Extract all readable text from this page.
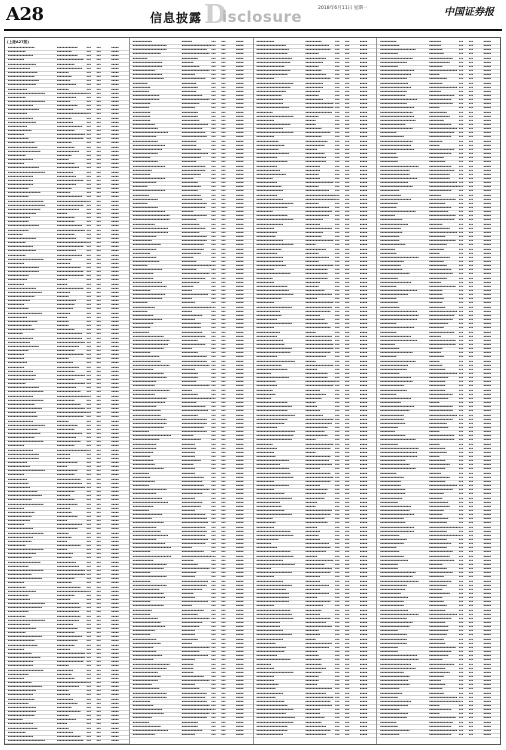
A28	信息披露 D
isclosure	2018年6月11日 星期一	中国证券报
(上接A27版)
▪▪▪▪▪▪▪▪▪▪▪▪▪▪▪▪▪▪	▪▪▪▪▪▪▪▪▪▪▪▪▪▪	▪▪▪ ▪▪▪	▪▪▪▪▪
▪▪▪▪▪▪▪▪▪▪▪▪	▪▪▪▪▪▪▪▪▪▪	▪▪▪ ▪▪▪	▪▪▪▪▪
▪▪▪▪▪▪▪▪▪▪▪▪▪▪▪▪▪	▪▪▪▪▪▪▪▪▪▪▪▪▪▪	▪▪▪ ▪▪▪	▪▪▪▪▪
▪▪▪▪▪▪▪▪▪▪▪	▪▪▪▪▪▪▪▪▪▪▪▪▪▪▪▪▪▪ ▪▪▪ ▪▪▪	▪▪▪▪▪
▪▪▪▪▪▪▪▪▪▪▪▪▪▪▪▪▪▪▪	▪▪▪▪▪▪▪▪▪▪▪▪	▪▪▪ ▪▪▪	▪▪▪▪▪
▪▪▪▪▪▪▪▪▪▪▪▪▪▪▪	▪▪▪▪▪▪▪▪▪▪▪▪▪▪▪▪▪ ▪▪▪ ▪▪▪	▪▪▪▪▪
▪▪▪▪▪▪▪▪▪▪▪▪▪▪▪▪▪▪▪▪	▪▪▪▪▪▪▪▪	▪▪▪ ▪▪▪	▪▪▪▪▪
▪▪▪▪▪▪▪▪▪▪▪▪▪▪▪▪▪▪	▪▪▪▪▪▪▪▪▪▪	▪▪▪ ▪▪▪	▪▪▪▪▪
▪▪▪▪▪▪▪▪▪▪▪▪▪▪▪▪▪▪▪▪▪	▪▪▪▪▪▪▪▪▪	▪▪▪ ▪▪▪	▪▪▪▪▪
▪▪▪▪▪▪▪▪▪▪▪▪▪▪▪▪▪▪▪	▪▪▪▪▪▪▪▪▪▪▪▪▪	▪▪▪ ▪▪▪	▪▪▪▪▪
▪▪▪▪▪▪▪▪▪▪▪▪▪	▪▪▪▪▪▪▪▪	▪▪▪ ▪▪▪	▪▪▪▪▪
▪▪▪▪▪▪▪▪▪▪▪▪▪▪▪▪▪▪▪▪▪▪▪▪▪	▪▪▪▪▪▪▪▪▪▪▪▪▪▪▪▪▪▪▪▪ ▪▪▪ ▪▪▪	▪▪▪▪▪
▪▪▪▪▪▪▪▪▪▪▪▪	▪▪▪▪▪▪▪▪▪▪▪▪▪	▪▪▪ ▪▪▪	▪▪▪▪▪
▪▪▪▪▪▪▪▪▪▪▪▪▪▪▪▪▪▪▪▪▪▪▪▪▪	▪▪▪▪▪▪▪▪▪	▪▪▪ ▪▪▪	▪▪▪▪▪
▪▪▪▪▪▪▪▪▪▪▪▪▪▪▪▪▪	▪▪▪▪▪▪▪▪▪▪▪▪▪▪	▪▪▪ ▪▪▪	▪▪▪▪▪
▪▪▪▪▪▪▪▪▪▪▪▪▪▪▪▪▪▪▪▪▪	▪▪▪▪▪▪▪▪▪▪▪	▪▪▪ ▪▪▪	▪▪▪▪▪
▪▪▪▪▪▪▪▪▪▪▪▪▪	▪▪▪▪▪▪▪▪▪▪▪▪▪▪▪▪▪▪▪▪ ▪▪▪ ▪▪▪	▪▪▪▪▪
▪▪▪▪▪▪▪▪▪▪▪▪▪▪▪▪▪	▪▪▪▪▪▪▪▪▪▪	▪▪▪ ▪▪▪	▪▪▪▪▪
▪▪▪▪▪▪▪▪▪▪▪▪▪▪▪▪▪▪▪	▪▪▪▪▪▪▪▪▪▪▪	▪▪▪ ▪▪▪	▪▪▪▪▪
▪▪▪▪▪▪▪▪▪▪▪▪▪	▪▪▪▪▪▪▪▪▪▪▪▪▪▪▪▪▪ ▪▪▪ ▪▪▪	▪▪▪▪▪
▪▪▪▪▪▪▪▪▪▪▪▪▪▪▪▪	▪▪▪▪▪▪▪▪▪▪▪▪	▪▪▪ ▪▪▪	▪▪▪▪▪
▪▪▪▪▪▪▪▪▪▪▪	▪▪▪▪▪▪▪▪▪▪▪▪▪▪▪▪▪▪▪ ▪▪▪ ▪▪▪	▪▪▪▪▪
▪▪▪▪▪▪▪▪▪▪▪▪▪▪	▪▪▪▪▪▪▪▪▪▪▪▪▪▪▪▪▪▪ ▪▪▪ ▪▪▪	▪▪▪▪▪
▪▪▪▪▪▪▪▪▪▪▪▪▪▪▪▪▪▪	▪▪▪▪▪▪▪▪▪▪	▪▪▪ ▪▪▪	▪▪▪▪▪
▪▪▪▪▪▪▪▪▪▪▪▪▪▪▪▪▪▪▪▪	▪▪▪▪▪▪▪▪▪▪▪▪	▪▪▪ ▪▪▪	▪▪▪▪▪
▪▪▪▪▪▪▪▪▪▪▪▪▪▪▪▪▪▪▪▪▪▪	▪▪▪▪▪▪▪▪▪▪▪▪▪▪▪	▪▪▪ ▪▪▪	▪▪▪▪▪
▪▪▪▪▪▪▪▪▪▪▪▪	▪▪▪▪▪▪▪▪▪▪	▪▪▪ ▪▪▪	▪▪▪▪▪
▪▪▪▪▪▪▪▪▪▪▪▪▪▪▪▪▪	▪▪▪▪▪▪▪▪	▪▪▪ ▪▪▪	▪▪▪▪▪
▪▪▪▪▪▪▪▪▪▪▪	▪▪▪▪▪▪▪▪▪▪▪▪	▪▪▪ ▪▪▪	▪▪▪▪▪
▪▪▪▪▪▪▪▪▪▪▪▪▪▪▪▪▪▪▪▪▪	▪▪▪▪▪▪▪▪▪▪▪▪▪▪▪	▪▪▪ ▪▪▪	▪▪▪▪▪
▪▪▪▪▪▪▪▪▪▪▪▪▪▪▪▪▪▪▪▪▪▪▪▪▪	▪▪▪▪▪▪▪▪▪▪▪	▪▪▪ ▪▪▪	▪▪▪▪▪
▪▪▪▪▪▪▪▪▪▪▪▪▪▪▪▪▪	▪▪▪▪▪▪▪▪▪▪▪▪▪	▪▪▪ ▪▪▪	▪▪▪▪▪
▪▪▪▪▪▪▪▪▪▪▪▪▪▪▪▪▪	▪▪▪▪▪▪▪▪▪▪▪▪▪▪▪▪▪▪ ▪▪▪ ▪▪▪	▪▪▪▪▪
▪▪▪▪▪▪▪▪▪▪▪▪▪▪▪▪▪	▪▪▪▪▪▪▪▪▪▪▪▪▪	▪▪▪ ▪▪▪	▪▪▪▪▪
▪▪▪▪▪▪▪▪▪▪▪▪▪▪	▪▪▪▪▪▪▪▪▪▪	▪▪▪ ▪▪▪	▪▪▪▪▪
▪▪▪▪▪▪▪▪▪▪▪▪▪▪▪▪▪▪▪▪▪▪	▪▪▪▪▪▪▪▪▪	▪▪▪ ▪▪▪	▪▪▪▪▪
▪▪▪▪▪▪▪▪▪▪▪▪▪▪	▪▪▪▪▪▪▪▪▪▪▪▪▪▪▪▪▪ ▪▪▪ ▪▪▪	▪▪▪▪▪
▪▪▪▪▪▪▪▪▪▪▪▪▪▪▪▪▪▪▪▪▪▪▪▪	▪▪▪▪▪▪▪▪▪▪▪▪▪▪▪▪▪▪▪▪ ▪▪▪ ▪▪▪	▪▪▪▪▪
▪▪▪▪▪▪▪▪▪▪▪▪▪▪▪▪▪▪▪▪▪▪▪▪▪	▪▪▪▪▪▪▪▪▪▪▪▪▪▪▪▪▪▪ ▪▪▪ ▪▪▪	▪▪▪▪▪
▪▪▪▪▪▪▪▪▪▪▪▪▪▪▪▪▪▪▪▪▪▪	▪▪▪▪▪▪▪▪▪▪▪▪▪▪▪	▪▪▪ ▪▪▪	▪▪▪▪▪
▪▪▪▪▪▪▪▪▪▪▪▪▪▪▪▪▪▪▪	▪▪▪▪▪▪▪	▪▪▪ ▪▪▪	▪▪▪▪▪
▪▪▪▪▪▪▪▪▪▪▪▪▪▪▪	▪▪▪▪▪▪▪▪▪▪▪▪	▪▪▪ ▪▪▪	▪▪▪▪▪
▪▪▪▪▪▪▪▪▪▪▪▪▪▪	▪▪▪▪▪▪▪▪▪▪▪▪	▪▪▪ ▪▪▪	▪▪▪▪▪
▪▪▪▪▪▪▪▪▪▪▪▪▪▪▪▪▪▪▪▪▪	▪▪▪▪▪▪▪▪▪▪▪▪▪▪▪▪▪ ▪▪▪ ▪▪▪	▪▪▪▪▪
▪▪▪▪▪▪▪▪▪▪▪▪▪▪	▪▪▪▪▪▪▪▪▪▪▪▪▪▪▪▪▪▪▪ ▪▪▪ ▪▪▪	▪▪▪▪▪
▪▪▪▪▪▪▪▪▪▪	▪▪▪▪▪▪▪▪▪▪▪▪	▪▪▪ ▪▪▪	▪▪▪▪▪
▪▪▪▪▪▪▪▪▪▪▪▪▪▪▪▪▪▪▪	▪▪▪▪▪▪▪▪▪▪▪▪▪	▪▪▪ ▪▪▪	▪▪▪▪▪
▪▪▪▪▪▪▪▪▪▪▪▪	▪▪▪▪▪▪▪▪▪▪▪▪▪▪▪▪▪▪▪▪ ▪▪▪ ▪▪▪	▪▪▪▪▪
▪▪▪▪▪▪▪▪▪▪▪▪▪▪▪▪▪	▪▪▪▪▪▪▪▪▪▪▪▪▪▪▪▪▪▪ ▪▪▪ ▪▪▪	▪▪▪▪▪
▪▪▪▪▪▪▪▪▪▪▪▪▪▪▪▪▪▪▪	▪▪▪▪▪▪▪▪▪▪▪▪▪	▪▪▪ ▪▪▪	▪▪▪▪▪
▪▪▪▪▪▪▪▪▪▪▪▪	▪▪▪▪▪▪▪▪▪▪▪▪▪▪▪▪▪ ▪▪▪ ▪▪▪	▪▪▪▪▪
▪▪▪▪▪▪▪▪▪▪▪▪▪▪▪▪▪▪▪▪▪▪▪▪	▪▪▪▪▪▪▪▪▪▪	▪▪▪ ▪▪▪	▪▪▪▪▪
▪▪▪▪▪▪▪▪▪▪▪	▪▪▪▪▪▪▪▪▪	▪▪▪ ▪▪▪	▪▪▪▪▪
▪▪▪▪▪▪▪▪▪▪▪▪▪▪▪▪▪▪▪▪▪	▪▪▪▪▪▪▪▪▪▪▪▪▪▪▪▪	▪▪▪ ▪▪▪	▪▪▪▪▪
▪▪▪▪▪▪▪▪▪▪▪▪▪▪▪▪▪▪▪▪▪	▪▪▪▪▪▪▪▪▪▪▪▪▪▪▪▪▪▪ ▪▪▪ ▪▪▪	▪▪▪▪▪
▪▪▪▪▪▪▪▪▪▪▪▪▪▪	▪▪▪▪▪▪▪▪▪▪▪▪▪▪▪▪▪▪ ▪▪▪ ▪▪▪	▪▪▪▪▪
▪▪▪▪▪▪▪▪▪▪▪▪▪	▪▪▪▪▪▪▪	▪▪▪ ▪▪▪	▪▪▪▪▪
▪▪▪▪▪▪▪▪▪▪▪	▪▪▪▪▪▪▪	▪▪▪ ▪▪▪	▪▪▪▪▪
▪▪▪▪▪▪▪▪▪▪▪▪▪▪▪▪▪▪▪	▪▪▪▪▪▪▪▪▪▪▪▪▪▪▪▪▪▪ ▪▪▪ ▪▪▪	▪▪▪▪▪
▪▪▪▪▪▪▪▪▪▪▪▪▪▪▪▪▪▪▪▪▪▪▪	▪▪▪▪▪▪▪▪▪	▪▪▪ ▪▪▪	▪▪▪▪▪
▪▪▪▪▪▪▪▪▪▪▪▪▪▪▪▪▪▪	▪▪▪▪▪▪▪▪	▪▪▪ ▪▪▪	▪▪▪▪▪
▪▪▪▪▪▪▪▪▪▪▪▪▪▪▪	▪▪▪▪▪▪▪▪▪▪▪▪▪	▪▪▪ ▪▪▪	▪▪▪▪▪
▪▪▪▪▪▪▪▪▪▪▪	▪▪▪▪▪▪▪▪▪▪▪▪	▪▪▪ ▪▪▪	▪▪▪▪▪
▪▪▪▪▪▪▪▪▪▪▪▪▪▪	▪▪▪▪▪▪▪▪▪▪▪	▪▪▪ ▪▪▪	▪▪▪▪▪
▪▪▪▪▪▪▪▪▪▪▪▪▪▪▪▪▪▪▪▪▪▪▪	▪▪▪▪▪▪▪▪▪	▪▪▪ ▪▪▪	▪▪▪▪▪
▪▪▪▪▪▪▪▪▪▪▪▪▪	▪▪▪▪▪▪▪	▪▪▪ ▪▪▪	▪▪▪▪▪
▪▪▪▪▪▪▪▪▪▪▪▪▪▪▪▪▪▪▪▪	▪▪▪▪▪▪▪▪	▪▪▪ ▪▪▪	▪▪▪▪▪
▪▪▪▪▪▪▪▪▪▪▪▪▪▪▪▪	▪▪▪▪▪▪▪▪	▪▪▪ ▪▪▪	▪▪▪▪▪
▪▪▪▪▪▪▪▪▪▪▪▪▪▪▪▪▪▪	▪▪▪▪▪▪▪▪▪▪▪▪	▪▪▪ ▪▪▪	▪▪▪▪▪
▪▪▪▪▪▪▪▪▪▪	▪▪▪▪▪▪▪▪▪▪▪▪▪▪▪▪▪ ▪▪▪ ▪▪▪	▪▪▪▪▪
▪▪▪▪▪▪▪▪▪▪▪▪▪▪▪▪▪	▪▪▪▪▪▪▪▪▪▪▪▪▪▪▪▪▪ ▪▪▪ ▪▪▪	▪▪▪▪▪
▪▪▪▪▪▪▪▪▪▪▪▪▪▪▪	▪▪▪▪▪▪▪▪▪▪▪▪▪▪▪▪▪▪▪ ▪▪▪ ▪▪▪	▪▪▪▪▪
▪▪▪▪▪▪▪▪▪▪▪▪▪▪▪▪▪▪▪▪▪	▪▪▪▪▪▪▪▪▪▪▪▪▪▪▪	▪▪▪ ▪▪▪	▪▪▪▪▪
▪▪▪▪▪▪▪▪▪▪▪▪▪▪	▪▪▪▪▪▪▪▪▪▪▪▪	▪▪▪ ▪▪▪	▪▪▪▪▪
▪▪▪▪▪▪▪▪▪▪▪	▪▪▪▪▪▪▪▪▪▪▪▪▪▪▪▪▪▪ ▪▪▪ ▪▪▪	▪▪▪▪▪
▪▪▪▪▪▪▪▪▪▪▪	▪▪▪▪▪▪▪▪	▪▪▪ ▪▪▪	▪▪▪▪▪
▪▪▪▪▪▪▪▪▪▪▪▪▪	▪▪▪▪▪▪▪▪▪▪▪	▪▪▪ ▪▪▪	▪▪▪▪▪
▪▪▪▪▪▪▪▪▪▪▪	▪▪▪▪▪▪▪▪▪▪▪▪▪▪▪	▪▪▪ ▪▪▪	▪▪▪▪▪
▪▪▪▪▪▪▪▪▪▪▪▪▪▪▪▪▪	▪▪▪▪▪▪▪▪▪▪▪▪	▪▪▪ ▪▪▪	▪▪▪▪▪
▪▪▪▪▪▪▪▪▪▪▪▪▪▪▪▪▪▪▪	▪▪▪▪▪▪▪▪▪▪▪▪▪▪▪▪▪▪▪ ▪▪▪ ▪▪▪	▪▪▪▪▪
▪▪▪▪▪▪▪▪▪▪▪▪▪▪▪▪▪▪	▪▪▪▪▪▪▪▪▪▪▪▪	▪▪▪ ▪▪▪	▪▪▪▪▪
▪▪▪▪▪▪▪▪▪▪▪▪	▪▪▪▪▪▪▪▪▪▪▪▪▪▪▪▪▪▪▪ ▪▪▪ ▪▪▪	▪▪▪▪▪
▪▪▪▪▪▪▪▪▪▪▪▪▪▪▪▪▪▪▪▪▪	▪▪▪▪▪▪▪▪▪▪▪▪▪	▪▪▪ ▪▪▪	▪▪▪▪▪
▪▪▪▪▪▪▪▪▪▪▪▪▪▪▪▪▪▪▪▪▪▪▪▪	▪▪▪▪▪▪▪▪▪▪▪▪▪▪▪▪	▪▪▪ ▪▪▪	▪▪▪▪▪
▪▪▪▪▪▪▪▪▪▪▪▪▪▪▪▪▪	▪▪▪▪▪▪▪▪▪▪▪▪▪▪▪▪▪▪▪▪ ▪▪▪ ▪▪▪	▪▪▪▪▪
▪▪▪▪▪▪▪▪▪▪▪▪▪▪▪▪▪▪▪▪▪▪▪▪	▪▪▪▪▪▪▪▪▪▪▪▪	▪▪▪ ▪▪▪	▪▪▪▪▪
▪▪▪▪▪▪▪▪▪▪▪▪▪▪▪▪▪▪	▪▪▪▪▪▪▪▪▪▪▪▪▪▪▪▪	▪▪▪ ▪▪▪	▪▪▪▪▪
▪▪▪▪▪▪▪▪▪▪▪▪▪▪▪▪▪▪▪▪▪▪▪	▪▪▪▪▪▪▪▪▪▪▪▪▪▪▪▪▪▪▪ ▪▪▪ ▪▪▪	▪▪▪▪▪
▪▪▪▪▪▪▪▪▪▪▪▪▪▪▪▪▪▪▪	▪▪▪▪▪▪▪▪▪▪▪▪▪▪▪▪▪▪▪▪ ▪▪▪ ▪▪▪	▪▪▪▪▪
▪▪▪▪▪▪▪▪▪▪▪▪▪▪▪▪▪▪▪▪	▪▪▪▪▪▪▪▪▪▪▪▪▪▪▪▪▪▪ ▪▪▪ ▪▪▪	▪▪▪▪▪
▪▪▪▪▪▪▪▪▪▪▪▪▪▪▪▪▪	▪▪▪▪▪▪▪▪	▪▪▪ ▪▪▪	▪▪▪▪▪
▪▪▪▪▪▪▪▪▪▪▪▪▪▪▪▪▪▪▪▪▪▪▪▪▪	▪▪▪▪▪▪▪▪▪▪▪▪▪▪	▪▪▪ ▪▪▪	▪▪▪▪▪
▪▪▪▪▪▪▪▪▪▪▪▪▪▪▪▪▪▪▪▪	▪▪▪▪▪▪▪▪▪▪▪▪	▪▪▪ ▪▪▪	▪▪▪▪▪
▪▪▪▪▪▪▪▪▪▪▪▪▪▪▪▪▪▪▪▪▪▪	▪▪▪▪▪▪▪▪▪▪▪▪▪▪▪▪▪ ▪▪▪ ▪▪▪	▪▪▪▪▪
▪▪▪▪▪▪▪▪▪▪▪▪▪▪▪▪▪▪	▪▪▪▪▪▪▪▪▪▪▪▪▪	▪▪▪ ▪▪▪	▪▪▪▪▪
▪▪▪▪▪▪▪▪▪▪▪▪▪▪▪▪▪▪▪▪▪▪▪▪	▪▪▪▪▪▪▪▪▪▪▪▪▪▪▪▪	▪▪▪ ▪▪▪	▪▪▪▪▪
▪▪▪▪▪▪▪▪▪▪▪	▪▪▪▪▪▪▪▪▪▪▪▪	▪▪▪ ▪▪▪	▪▪▪▪▪
▪▪▪▪▪▪▪▪▪▪▪▪▪▪▪▪▪	▪▪▪▪▪▪▪▪▪▪▪▪▪▪▪▪▪▪▪▪ ▪▪▪ ▪▪▪	▪▪▪▪▪
▪▪▪▪▪▪▪▪▪▪▪▪▪▪▪▪▪▪▪▪▪	▪▪▪▪▪▪▪▪▪	▪▪▪ ▪▪▪	▪▪▪▪▪
▪▪▪▪▪▪▪▪▪▪▪▪▪▪▪▪▪▪▪▪▪	▪▪▪▪▪▪▪▪▪	▪▪▪ ▪▪▪	▪▪▪▪▪
▪▪▪▪▪▪▪▪▪▪▪▪▪	▪▪▪▪▪▪▪▪▪▪▪▪▪▪	▪▪▪ ▪▪▪	▪▪▪▪▪
▪▪▪▪▪▪▪▪▪▪▪▪▪▪▪	▪▪▪▪▪▪▪	▪▪▪ ▪▪▪	▪▪▪▪▪
▪▪▪▪▪▪▪▪▪▪▪▪▪▪▪▪▪▪▪▪▪▪▪▪▪	▪▪▪▪▪▪▪▪▪▪▪▪▪▪	▪▪▪ ▪▪▪	▪▪▪▪▪
▪▪▪▪▪▪▪▪▪▪▪	▪▪▪▪▪▪▪▪▪▪▪▪	▪▪▪ ▪▪▪	▪▪▪▪▪
▪▪▪▪▪▪▪▪▪▪▪▪▪	▪▪▪▪▪▪▪▪▪▪▪▪▪▪▪▪	▪▪▪ ▪▪▪	▪▪▪▪▪
▪▪▪▪▪▪▪▪▪▪▪▪▪▪	▪▪▪▪▪▪▪▪▪▪▪▪▪▪▪▪▪ ▪▪▪ ▪▪▪	▪▪▪▪▪
▪▪▪▪▪▪▪▪▪▪▪▪▪▪▪	▪▪▪▪▪▪▪▪▪▪▪▪▪▪▪▪▪▪▪ ▪▪▪ ▪▪▪	▪▪▪▪▪
▪▪▪▪▪▪▪▪▪▪▪▪▪▪▪▪▪▪▪▪	▪▪▪▪▪▪▪▪▪▪▪▪	▪▪▪ ▪▪▪	▪▪▪▪▪
▪▪▪▪▪▪▪▪▪▪▪▪▪▪▪▪▪▪▪▪▪▪▪	▪▪▪▪▪▪▪▪▪	▪▪▪ ▪▪▪	▪▪▪▪▪
▪▪▪▪▪▪▪▪▪▪▪▪▪▪▪▪	▪▪▪▪▪▪▪▪▪▪▪▪	▪▪▪ ▪▪▪	▪▪▪▪▪
▪▪▪▪▪▪▪▪▪▪▪▪▪▪▪▪▪▪▪▪▪▪▪▪	▪▪▪▪▪▪▪▪▪▪▪▪▪▪	▪▪▪ ▪▪▪	▪▪▪▪▪
▪▪▪▪▪▪▪▪▪▪▪	▪▪▪▪▪▪▪▪▪	▪▪▪ ▪▪▪	▪▪▪▪▪
▪▪▪▪▪▪▪▪▪▪▪▪▪▪▪▪▪▪	▪▪▪▪▪▪▪▪▪▪	▪▪▪ ▪▪▪	▪▪▪▪▪
▪▪▪▪▪▪▪▪▪▪▪▪▪▪▪▪	▪▪▪▪▪▪▪▪▪▪▪▪▪▪	▪▪▪ ▪▪▪	▪▪▪▪▪
▪▪▪▪▪▪▪▪▪▪▪▪▪▪▪	▪▪▪▪▪▪▪	▪▪▪ ▪▪▪	▪▪▪▪▪
▪▪▪▪▪▪▪▪▪▪▪	▪▪▪▪▪▪▪▪▪▪▪▪▪▪▪▪▪ ▪▪▪ ▪▪▪	▪▪▪▪▪
▪▪▪▪▪▪▪▪▪▪▪▪▪▪▪▪▪	▪▪▪▪▪▪▪▪▪▪▪▪▪▪	▪▪▪ ▪▪▪	▪▪▪▪▪
▪▪▪▪▪▪▪▪▪▪▪▪▪▪▪▪▪▪▪▪▪▪▪▪	▪▪▪▪▪▪▪▪	▪▪▪ ▪▪▪	▪▪▪▪▪
▪▪▪▪▪▪▪▪▪▪▪▪▪▪▪▪▪	▪▪▪▪▪▪▪▪▪▪	▪▪▪ ▪▪▪	▪▪▪▪▪
▪▪▪▪▪▪▪▪▪▪▪▪▪▪▪▪	▪▪▪▪▪▪▪	▪▪▪ ▪▪▪	▪▪▪▪▪
▪▪▪▪▪▪▪▪▪▪▪▪	▪▪▪▪▪▪▪▪▪▪▪▪▪▪▪▪	▪▪▪ ▪▪▪	▪▪▪▪▪
▪▪▪▪▪▪▪▪▪▪▪▪▪▪▪▪▪▪▪▪▪▪▪▪	▪▪▪▪▪▪▪	▪▪▪ ▪▪▪	▪▪▪▪▪
▪▪▪▪▪▪▪▪▪▪▪▪▪▪▪▪▪▪▪	▪▪▪▪▪▪▪▪▪▪▪	▪▪▪ ▪▪▪	▪▪▪▪▪
▪▪▪▪▪▪▪▪▪▪▪▪▪▪▪▪	▪▪▪▪▪▪▪▪▪▪	▪▪▪ ▪▪▪	▪▪▪▪▪
▪▪▪▪▪▪▪▪▪▪▪▪▪▪▪▪▪▪▪▪▪▪	▪▪▪▪▪▪▪▪▪▪▪▪▪	▪▪▪ ▪▪▪	▪▪▪▪▪
▪▪▪▪▪▪▪▪▪▪▪▪▪▪	▪▪▪▪▪▪▪▪▪▪▪▪▪▪▪	▪▪▪ ▪▪▪	▪▪▪▪▪
▪▪▪▪▪▪▪▪▪▪▪▪▪▪▪▪▪▪▪▪▪▪▪▪	▪▪▪▪▪▪▪▪▪▪▪▪▪▪▪▪▪▪▪ ▪▪▪ ▪▪▪	▪▪▪▪▪
▪▪▪▪▪▪▪▪▪▪▪▪▪▪▪▪	▪▪▪▪▪▪▪▪▪▪▪▪▪▪▪▪▪▪▪ ▪▪▪ ▪▪▪	▪▪▪▪▪
▪▪▪▪▪▪▪▪▪▪▪▪▪▪▪▪▪▪▪▪▪▪▪	▪▪▪▪▪▪▪▪▪▪▪▪	▪▪▪ ▪▪▪	▪▪▪▪▪
▪▪▪▪▪▪▪▪▪▪▪	▪▪▪▪▪▪▪▪▪▪	▪▪▪ ▪▪▪	▪▪▪▪▪
▪▪▪▪▪▪▪▪▪▪▪▪	▪▪▪▪▪▪▪▪▪▪▪▪▪▪▪▪	▪▪▪ ▪▪▪	▪▪▪▪▪
▪▪▪▪▪▪▪▪▪▪▪▪▪▪▪▪▪▪▪	▪▪▪▪▪▪▪▪▪▪▪▪▪▪▪▪▪▪▪▪ ▪▪▪ ▪▪▪	▪▪▪▪▪
▪▪▪▪▪▪▪▪▪▪▪▪▪▪	▪▪▪▪▪▪▪▪▪▪▪▪	▪▪▪ ▪▪▪	▪▪▪▪▪
▪▪▪▪▪▪▪▪▪▪▪▪▪▪▪	▪▪▪▪▪▪▪▪▪	▪▪▪ ▪▪▪	▪▪▪▪▪
▪▪▪▪▪▪▪▪▪▪▪▪▪▪▪▪▪▪▪▪▪▪▪▪▪	▪▪▪▪▪▪▪▪▪▪▪▪▪▪▪	▪▪▪ ▪▪▪	▪▪▪▪▪
▪▪▪▪▪▪▪▪▪▪▪▪▪▪▪▪▪▪▪▪▪▪▪	▪▪▪▪▪▪▪▪▪▪▪▪▪▪▪▪	▪▪▪ ▪▪▪	▪▪▪▪▪
▪▪▪▪▪▪▪▪▪▪▪▪▪▪	▪▪▪▪▪▪▪▪▪▪▪▪▪▪▪	▪▪▪ ▪▪▪	▪▪▪▪▪
▪▪▪▪▪▪▪▪▪▪▪▪	▪▪▪▪▪▪▪▪▪▪▪▪▪▪▪▪	▪▪▪ ▪▪▪	▪▪▪▪▪
▪▪▪▪▪▪▪▪▪▪▪▪▪▪▪▪▪▪▪▪▪▪▪▪▪	▪▪▪▪▪▪▪▪▪▪▪▪▪▪▪	▪▪▪ ▪▪▪	▪▪▪▪▪
▪▪▪▪▪▪▪▪▪▪▪▪▪▪▪	▪▪▪▪▪▪▪▪▪▪▪	▪▪▪ ▪▪▪	▪▪▪▪▪
▪▪▪▪▪▪▪▪▪▪▪▪▪▪▪▪▪▪▪	▪▪▪▪▪▪▪▪▪▪▪▪▪▪	▪▪▪ ▪▪▪	▪▪▪▪▪
▪▪▪▪▪▪▪▪▪▪▪▪	▪▪▪▪▪▪▪▪▪▪▪▪	▪▪▪ ▪▪▪	▪▪▪▪▪
▪▪▪▪▪▪▪▪▪▪▪▪▪▪▪▪▪▪▪▪▪▪▪	▪▪▪▪▪▪▪▪▪▪▪▪▪▪▪▪▪ ▪▪▪ ▪▪▪	▪▪▪▪▪
▪▪▪▪▪▪▪▪▪▪▪▪▪▪▪▪▪▪	▪▪▪▪▪▪▪▪▪▪▪▪▪▪	▪▪▪ ▪▪▪	▪▪▪▪▪
▪▪▪▪▪▪▪▪▪▪▪▪▪▪▪▪▪▪▪▪	▪▪▪▪▪▪▪▪▪▪▪▪	▪▪▪ ▪▪▪	▪▪▪▪▪
▪▪▪▪▪▪▪▪▪▪▪	▪▪▪▪▪▪▪▪▪	▪▪▪ ▪▪▪	▪▪▪▪▪
▪▪▪▪▪▪▪▪▪▪▪▪▪▪▪▪	▪▪▪▪▪▪▪▪▪▪▪▪▪▪▪▪▪▪▪ ▪▪▪ ▪▪▪	▪▪▪▪▪
▪▪▪▪▪▪▪▪▪▪▪▪▪▪▪▪▪▪▪▪▪▪	▪▪▪▪▪▪▪▪▪▪▪▪▪▪▪▪▪▪▪ ▪▪▪ ▪▪▪	▪▪▪▪▪
▪▪▪▪▪▪▪▪▪▪▪▪▪▪▪▪▪	▪▪▪▪▪▪▪▪▪▪▪▪▪▪▪▪▪▪ ▪▪▪ ▪▪▪	▪▪▪▪▪
▪▪▪▪▪▪▪▪▪▪▪▪▪▪▪▪▪	▪▪▪▪▪▪▪▪	▪▪▪ ▪▪▪	▪▪▪▪▪
▪▪▪▪▪▪▪▪▪▪▪▪▪▪▪▪▪▪▪▪▪▪▪▪	▪▪▪▪▪▪▪▪▪▪▪	▪▪▪ ▪▪▪	▪▪▪▪▪
▪▪▪▪▪▪▪▪▪▪▪▪▪▪	▪▪▪▪▪▪▪▪▪▪	▪▪▪ ▪▪▪	▪▪▪▪▪
▪▪▪▪▪▪▪▪▪▪▪	▪▪▪▪▪▪▪▪▪▪▪▪	▪▪▪ ▪▪▪	▪▪▪▪▪
▪▪▪▪▪▪▪▪▪▪▪▪▪▪▪▪	▪▪▪▪▪▪▪▪▪▪▪▪▪▪▪▪▪▪▪▪ ▪▪▪ ▪▪▪	▪▪▪▪▪
▪▪▪▪▪▪▪▪▪▪▪▪▪▪▪▪▪▪▪▪▪▪▪	▪▪▪▪▪▪▪▪▪▪▪▪▪▪▪	▪▪▪ ▪▪▪	▪▪▪▪▪
▪▪▪▪▪▪▪▪▪▪▪▪▪▪▪▪▪▪▪	▪▪▪▪▪▪▪▪	▪▪▪ ▪▪▪	▪▪▪▪▪
▪▪▪▪▪▪▪▪▪▪▪▪▪▪▪▪▪	▪▪▪▪▪▪▪▪▪	▪▪▪ ▪▪▪	▪▪▪▪▪
▪▪▪▪▪▪▪▪▪▪▪▪▪▪▪▪▪▪	▪▪▪▪▪▪▪▪▪▪▪	▪▪▪ ▪▪▪	▪▪▪▪▪
▪▪▪▪▪▪▪▪▪▪▪▪▪▪	▪▪▪▪▪▪▪▪▪▪▪▪▪▪	▪▪▪ ▪▪▪	▪▪▪▪▪
▪▪▪▪▪▪▪▪▪▪▪▪▪▪▪▪▪▪▪	▪▪▪▪▪▪▪▪▪▪	▪▪▪ ▪▪▪	▪▪▪▪▪
▪▪▪▪▪▪▪▪▪▪▪▪▪▪▪▪▪▪▪	▪▪▪▪▪▪▪▪▪▪▪▪▪▪▪▪	▪▪▪ ▪▪▪	▪▪▪▪▪
▪▪▪▪▪▪▪▪▪▪▪▪▪▪▪▪▪▪	▪▪▪▪▪▪▪▪	▪▪▪ ▪▪▪	▪▪▪▪▪
▪▪▪▪▪▪▪▪▪▪	▪▪▪▪▪▪▪▪▪▪▪▪▪	▪▪▪ ▪▪▪	▪▪▪▪▪
▪▪▪▪▪▪▪▪▪▪▪▪▪▪▪▪▪	▪▪▪▪▪▪▪	▪▪▪ ▪▪▪	▪▪▪▪▪
▪▪▪▪▪▪▪▪▪▪▪▪▪▪▪▪▪▪▪▪	▪▪▪▪▪▪▪▪	▪▪▪ ▪▪▪	▪▪▪▪▪
▪▪▪▪▪▪▪▪▪▪▪▪	▪▪▪▪▪▪▪▪▪▪▪	▪▪▪ ▪▪▪	▪▪▪▪▪
▪▪▪▪▪▪▪▪▪▪▪▪▪▪▪▪▪	▪▪▪▪▪▪▪▪▪▪▪▪▪▪▪▪	▪▪▪ ▪▪▪	▪▪▪▪▪
▪▪▪▪▪▪▪▪▪▪▪▪▪▪▪▪▪▪▪▪▪▪▪▪▪	▪▪▪▪▪▪▪▪▪▪▪▪▪▪▪▪▪▪ ▪▪▪ ▪▪▪	▪▪▪▪▪
▪▪▪▪▪▪▪▪▪▪▪▪▪	▪▪▪▪▪▪▪	▪▪▪ ▪▪▪	▪▪▪▪▪
▪▪▪▪▪▪▪▪▪▪▪▪▪▪▪▪▪▪▪▪▪▪▪	▪▪▪▪▪▪▪▪▪▪▪▪▪▪▪▪▪▪▪▪ ▪▪▪ ▪▪▪	▪▪▪▪▪
▪▪▪▪▪▪▪▪▪▪▪▪▪▪▪▪▪▪▪▪▪▪▪	▪▪▪▪▪▪▪▪▪▪▪▪▪▪▪▪▪ ▪▪▪ ▪▪▪	▪▪▪▪▪
▪▪▪▪▪▪▪▪▪▪▪▪▪▪▪▪▪▪▪	▪▪▪▪▪▪▪▪▪▪▪▪▪▪▪▪▪▪▪ ▪▪▪ ▪▪▪	▪▪▪▪▪
▪▪▪▪▪▪▪▪▪▪	▪▪▪▪▪▪▪▪▪▪▪	▪▪▪ ▪▪▪	▪▪▪▪▪
▪▪▪▪▪▪▪▪▪▪▪▪▪▪▪▪▪▪▪▪	▪▪▪▪▪▪▪▪	▪▪▪ ▪▪▪	▪▪▪▪▪
▪▪▪▪▪▪▪▪▪▪▪▪▪▪▪▪▪▪▪▪	▪▪▪▪▪▪▪▪▪▪▪▪	▪▪▪ ▪▪▪	▪▪▪▪▪
▪▪▪▪▪▪▪▪▪▪▪▪▪▪▪	▪▪▪▪▪▪▪▪▪▪▪▪▪▪▪▪▪▪▪ ▪▪▪ ▪▪▪	▪▪▪▪▪
▪▪▪▪▪▪▪▪▪▪▪▪▪▪▪▪▪▪▪▪	▪▪▪▪▪▪▪▪▪	▪▪▪ ▪▪▪	▪▪▪▪▪
▪▪▪▪▪▪▪▪▪▪▪▪▪▪▪▪▪▪▪▪▪	▪▪▪▪▪▪▪▪▪▪▪▪▪▪▪▪	▪▪▪ ▪▪▪	▪▪▪▪▪
▪▪▪▪▪▪▪▪▪▪	▪▪▪▪▪▪▪▪▪▪	▪▪▪ ▪▪▪	▪▪▪▪▪
▪▪▪▪▪▪▪▪▪▪▪▪	▪▪▪▪▪▪▪▪▪▪▪	▪▪▪ ▪▪▪	▪▪▪▪▪
▪▪▪▪▪▪▪▪▪▪▪	▪▪▪▪▪▪▪▪▪▪	▪▪▪ ▪▪▪	▪▪▪▪▪
▪▪▪▪▪▪▪▪▪▪▪▪▪▪▪▪▪▪	▪▪▪▪▪▪▪▪▪▪▪▪▪▪	▪▪▪ ▪▪▪	▪▪▪▪▪
▪▪▪▪▪▪▪▪▪▪▪▪▪▪▪▪▪▪	▪▪▪▪▪▪▪▪▪▪▪▪▪▪▪▪▪▪▪ ▪▪▪ ▪▪▪	▪▪▪▪▪
▪▪▪▪▪▪▪▪▪▪▪▪	▪▪▪▪▪▪▪▪▪▪▪▪	▪▪▪ ▪▪▪	▪▪▪▪▪
▪▪▪▪▪▪▪▪▪▪▪	▪▪▪▪▪▪▪▪▪	▪▪▪ ▪▪▪	▪▪▪▪▪
▪▪▪▪▪▪▪▪▪▪▪▪	▪▪▪▪▪▪▪▪▪▪▪	▪▪▪ ▪▪▪	▪▪▪▪▪
▪▪▪▪▪▪▪▪▪▪▪▪	▪▪▪▪▪▪▪▪▪▪▪	▪▪▪ ▪▪▪	▪▪▪▪▪
▪▪▪▪▪▪▪▪▪▪▪▪	▪▪▪▪▪▪▪▪▪▪▪▪	▪▪▪ ▪▪▪	▪▪▪▪▪
▪▪▪▪▪▪▪▪▪▪▪▪▪▪▪	▪▪▪▪▪▪▪▪▪▪▪▪▪▪▪▪▪▪ ▪▪▪ ▪▪▪	▪▪▪▪▪
▪▪▪▪▪▪▪▪▪▪▪▪▪▪▪▪▪	▪▪▪▪▪▪▪▪▪▪▪▪▪▪	▪▪▪ ▪▪▪	▪▪▪▪▪
▪▪▪▪▪▪▪▪▪▪▪▪▪▪▪▪▪▪▪▪▪▪▪▪	▪▪▪▪▪▪▪▪▪▪▪▪▪▪▪▪	▪▪▪ ▪▪▪	▪▪▪▪▪
▪▪▪▪▪▪▪▪▪▪▪▪▪▪▪▪	▪▪▪▪▪▪▪▪▪▪▪▪▪▪▪▪▪ ▪▪▪ ▪▪▪	▪▪▪▪▪
▪▪▪▪▪▪▪▪▪▪▪▪▪▪▪▪▪	▪▪▪▪▪▪▪▪▪▪	▪▪▪ ▪▪▪	▪▪▪▪▪
▪▪▪▪▪▪▪▪▪▪▪▪▪▪▪▪▪▪▪▪▪▪	▪▪▪▪▪▪▪▪▪▪	▪▪▪ ▪▪▪	▪▪▪▪▪
▪▪▪▪▪▪▪▪▪▪▪▪▪▪▪▪▪▪▪▪	▪▪▪▪▪▪▪▪▪▪▪▪▪	▪▪▪ ▪▪▪	▪▪▪▪▪
▪▪▪▪▪▪▪▪▪▪▪▪▪▪▪▪▪	▪▪▪▪▪▪▪▪▪▪▪▪▪▪▪▪▪▪ ▪▪▪ ▪▪▪	▪▪▪▪▪
▪▪▪▪▪▪▪▪▪▪▪▪	▪▪▪▪▪▪▪▪▪▪▪▪▪	▪▪▪ ▪▪▪	▪▪▪▪▪
▪▪▪▪▪▪▪▪▪▪▪▪▪▪▪▪▪	▪▪▪▪▪▪▪▪▪▪	▪▪▪ ▪▪▪	▪▪▪▪▪
▪▪▪▪▪▪▪▪▪▪▪▪▪▪▪▪▪▪▪▪▪▪	▪▪▪▪▪▪▪▪▪▪▪▪▪▪▪▪	▪▪▪ ▪▪▪	▪▪▪▪▪
▪▪▪▪▪▪▪▪▪▪▪▪▪	▪▪▪▪▪▪▪▪▪▪▪▪▪▪▪▪	▪▪▪ ▪▪▪	▪▪▪▪▪
▪▪▪▪▪▪▪▪▪▪▪▪	▪▪▪▪▪▪▪▪▪▪▪▪▪	▪▪▪ ▪▪▪	▪▪▪▪▪
▪▪▪▪▪▪▪▪▪▪▪▪▪▪▪▪▪▪▪▪▪▪	▪▪▪▪▪▪▪▪	▪▪▪ ▪▪▪	▪▪▪▪▪
▪▪▪▪▪▪▪▪▪▪▪▪▪▪▪▪	▪▪▪▪▪▪▪▪▪▪▪	▪▪▪ ▪▪▪	▪▪▪▪▪
▪▪▪▪▪▪▪▪▪▪	▪▪▪▪▪▪▪▪▪▪▪▪▪	▪▪▪ ▪▪▪	▪▪▪▪▪
▪▪▪▪▪▪▪▪▪▪▪▪▪▪▪▪▪▪▪▪▪▪	▪▪▪▪▪▪▪▪▪▪▪	▪▪▪ ▪▪▪	▪▪▪▪▪
▪▪▪▪▪▪▪▪▪▪▪	▪▪▪▪▪▪▪▪▪▪▪▪▪	▪▪▪ ▪▪▪	▪▪▪▪▪
▪▪▪▪▪▪▪▪▪▪▪▪▪▪▪▪▪	▪▪▪▪▪▪▪▪▪▪▪▪▪▪	▪▪▪ ▪▪▪	▪▪▪▪▪
▪▪▪▪▪▪▪▪▪▪	▪▪▪▪▪▪▪▪▪▪▪▪▪▪▪▪▪ ▪▪▪ ▪▪▪	▪▪▪▪▪
▪▪▪▪▪▪▪▪▪▪▪▪▪▪▪▪▪	▪▪▪▪▪▪▪▪▪▪▪▪▪▪▪▪	▪▪▪ ▪▪▪	▪▪▪▪▪
▪▪▪▪▪▪▪▪▪▪▪▪▪▪▪▪▪▪▪▪▪▪	▪▪▪▪▪▪▪▪	▪▪▪ ▪▪▪	▪▪▪▪▪
▪▪▪▪▪▪▪▪▪▪▪▪▪▪▪▪▪▪▪▪▪▪▪▪▪	▪▪▪▪▪▪▪▪▪▪▪▪▪▪▪▪▪ ▪▪▪ ▪▪▪	▪▪▪▪▪
▪▪▪▪▪▪▪▪▪▪▪▪▪▪▪▪▪▪▪▪▪▪▪▪▪	▪▪▪▪▪▪▪▪▪▪	▪▪▪ ▪▪▪	▪▪▪▪▪
▪▪▪▪▪▪▪▪▪▪▪▪▪▪▪	▪▪▪▪▪▪▪▪▪▪▪▪	▪▪▪ ▪▪▪	▪▪▪▪▪
▪▪▪▪▪▪▪▪▪▪▪▪▪▪▪▪▪▪▪▪▪▪▪▪	▪▪▪▪▪▪▪▪▪▪▪▪▪▪▪▪	▪▪▪ ▪▪▪	▪▪▪▪▪
▪▪▪▪▪▪▪▪▪▪▪▪▪▪▪▪▪▪▪▪▪▪▪▪	▪▪▪▪▪▪▪▪▪▪▪▪	▪▪▪ ▪▪▪	▪▪▪▪▪
▪▪▪▪▪▪▪▪▪▪▪▪▪▪▪▪	▪▪▪▪▪▪▪▪▪▪▪▪▪▪▪▪▪ ▪▪▪ ▪▪▪	▪▪▪▪▪
▪▪▪▪▪▪▪▪▪▪▪▪▪	▪▪▪▪▪▪▪▪▪▪▪▪▪▪▪▪▪ ▪▪▪ ▪▪▪	▪▪▪▪▪
▪▪▪▪▪▪▪▪▪▪▪▪▪▪▪▪▪▪▪	▪▪▪▪▪▪▪▪▪▪▪▪▪▪▪	▪▪▪ ▪▪▪	▪▪▪▪▪
▪▪▪▪▪▪▪▪▪▪▪▪▪▪▪▪	▪▪▪▪▪▪▪▪▪▪▪▪▪▪▪	▪▪▪ ▪▪▪	▪▪▪▪▪
▪▪▪▪▪▪▪▪▪▪▪▪	▪▪▪▪▪▪▪▪▪▪▪▪▪	▪▪▪ ▪▪▪	▪▪▪▪▪
▪▪▪▪▪▪▪▪▪▪▪▪▪▪▪▪	▪▪▪▪▪▪▪▪	▪▪▪ ▪▪▪	▪▪▪▪▪
▪▪▪▪▪▪▪▪▪▪▪▪▪▪▪▪▪▪	▪▪▪▪▪▪▪▪▪▪	▪▪▪ ▪▪▪	▪▪▪▪▪
▪▪▪▪▪▪▪▪▪▪	▪▪▪▪▪▪▪▪▪▪▪▪▪▪▪▪▪▪▪▪ ▪▪▪ ▪▪▪	▪▪▪▪▪
▪▪▪▪▪▪▪▪▪▪▪▪▪▪▪▪▪▪▪▪	▪▪▪▪▪▪▪▪▪▪	▪▪▪ ▪▪▪	▪▪▪▪▪
▪▪▪▪▪▪▪▪▪▪▪▪▪▪	▪▪▪▪▪▪▪▪▪▪▪▪▪▪▪▪▪▪▪ ▪▪▪ ▪▪▪	▪▪▪▪▪
▪▪▪▪▪▪▪▪▪▪▪▪▪▪	▪▪▪▪▪▪▪▪▪▪▪▪▪▪▪▪	▪▪▪ ▪▪▪	▪▪▪▪▪
▪▪▪▪▪▪▪▪▪▪▪▪▪▪▪▪▪▪▪▪	▪▪▪▪▪▪▪▪▪▪▪▪	▪▪▪ ▪▪▪	▪▪▪▪▪
▪▪▪▪▪▪▪▪▪▪▪▪▪▪▪▪▪▪▪▪▪▪▪	▪▪▪▪▪▪▪▪	▪▪▪ ▪▪▪	▪▪▪▪▪
▪▪▪▪▪▪▪▪▪▪▪▪	▪▪▪▪▪▪▪	▪▪▪ ▪▪▪	▪▪▪▪▪
▪▪▪▪▪▪▪▪▪▪▪▪▪▪▪▪▪▪▪▪▪▪	▪▪▪▪▪▪▪▪▪▪▪▪▪▪▪▪▪▪ ▪▪▪ ▪▪▪	▪▪▪▪▪
▪▪▪▪▪▪▪▪▪▪▪▪▪▪▪▪▪▪▪▪	▪▪▪▪▪▪▪	▪▪▪ ▪▪▪	▪▪▪▪▪
▪▪▪▪▪▪▪▪▪▪	▪▪▪▪▪▪▪▪▪	▪▪▪ ▪▪▪	▪▪▪▪▪
▪▪▪▪▪▪▪▪▪▪▪▪▪▪▪	▪▪▪▪▪▪▪▪▪▪▪▪▪▪▪▪▪▪▪▪ ▪▪▪ ▪▪▪	▪▪▪▪▪
▪▪▪▪▪▪▪▪▪▪	▪▪▪▪▪▪▪	▪▪▪ ▪▪▪	▪▪▪▪▪
▪▪▪▪▪▪▪▪▪▪▪▪▪▪	▪▪▪▪▪▪▪▪▪▪▪▪▪▪	▪▪▪ ▪▪▪	▪▪▪▪▪
▪▪▪▪▪▪▪▪▪▪▪▪▪▪▪▪▪▪▪▪	▪▪▪▪▪▪▪▪▪	▪▪▪ ▪▪▪	▪▪▪▪▪
▪▪▪▪▪▪▪▪▪▪▪▪▪▪	▪▪▪▪▪▪▪▪▪▪▪▪▪	▪▪▪ ▪▪▪	▪▪▪▪▪
▪▪▪▪▪▪▪▪▪▪▪▪	▪▪▪▪▪▪▪▪▪▪▪▪▪	▪▪▪ ▪▪▪	▪▪▪▪▪
▪▪▪▪▪▪▪▪▪▪▪	▪▪▪▪▪▪▪▪▪▪▪▪▪▪	▪▪▪ ▪▪▪	▪▪▪▪▪
▪▪▪▪▪▪▪▪▪▪▪▪▪▪▪▪▪▪▪▪▪	▪▪▪▪▪▪▪▪▪▪▪▪▪▪▪▪	▪▪▪ ▪▪▪	▪▪▪▪▪
▪▪▪▪▪▪▪▪▪▪▪▪▪▪▪▪▪▪▪▪▪▪▪▪▪	▪▪▪▪▪▪▪▪▪▪▪	▪▪▪ ▪▪▪	▪▪▪▪▪
▪▪▪▪▪▪▪▪▪▪▪▪▪▪▪▪▪▪▪▪▪▪▪▪	▪▪▪▪▪▪▪▪▪▪▪▪▪▪▪▪	▪▪▪ ▪▪▪	▪▪▪▪▪
▪▪▪▪▪▪▪▪▪▪▪▪▪▪▪▪▪▪▪▪▪	▪▪▪▪▪▪▪	▪▪▪ ▪▪▪	▪▪▪▪▪
▪▪▪▪▪▪▪▪▪▪▪▪	▪▪▪▪▪▪▪▪▪▪▪	▪▪▪ ▪▪▪	▪▪▪▪▪
▪▪▪▪▪▪▪▪▪▪▪▪▪▪▪▪▪▪	▪▪▪▪▪▪▪▪▪▪▪▪▪▪▪▪▪ ▪▪▪ ▪▪▪	▪▪▪▪▪
▪▪▪▪▪▪▪▪▪▪▪▪▪▪▪▪▪▪▪	▪▪▪▪▪▪▪▪▪▪▪▪▪▪▪▪▪ ▪▪▪ ▪▪▪	▪▪▪▪▪
▪▪▪▪▪▪▪▪▪▪▪▪▪▪▪▪▪▪▪▪▪▪▪▪▪	▪▪▪▪▪▪▪▪▪▪▪▪▪▪▪▪▪▪▪ ▪▪▪ ▪▪▪	▪▪▪▪▪
▪▪▪▪▪▪▪▪▪▪▪▪▪▪	▪▪▪▪▪▪▪▪▪	▪▪▪ ▪▪▪	▪▪▪▪▪
▪▪▪▪▪▪▪▪▪▪▪▪▪▪▪▪▪▪▪▪▪	▪▪▪▪▪▪▪▪▪▪▪	▪▪▪ ▪▪▪	▪▪▪▪▪
▪▪▪▪▪▪▪▪▪▪▪▪▪▪▪▪▪▪▪▪▪▪▪	▪▪▪▪▪▪▪▪▪▪▪	▪▪▪ ▪▪▪	▪▪▪▪▪
▪▪▪▪▪▪▪▪▪▪▪▪▪▪▪▪	▪▪▪▪▪▪▪▪▪▪	▪▪▪ ▪▪▪	▪▪▪▪▪
▪▪▪▪▪▪▪▪▪▪▪▪▪▪▪	▪▪▪▪▪▪▪▪▪▪▪▪▪▪▪▪▪▪▪ ▪▪▪ ▪▪▪	▪▪▪▪▪
▪▪▪▪▪▪▪▪▪▪▪▪▪▪▪▪▪▪▪▪▪▪▪▪▪	▪▪▪▪▪▪▪	▪▪▪ ▪▪▪	▪▪▪▪▪
▪▪▪▪▪▪▪▪▪▪▪▪▪▪▪	▪▪▪▪▪▪▪▪▪▪▪	▪▪▪ ▪▪▪	▪▪▪▪▪
▪▪▪▪▪▪▪▪▪▪▪▪▪▪▪▪▪▪▪▪▪▪▪	▪▪▪▪▪▪▪▪▪▪▪▪▪▪▪▪▪▪▪▪ ▪▪▪ ▪▪▪	▪▪▪▪▪
▪▪▪▪▪▪▪▪▪▪▪▪▪▪▪▪▪▪▪▪▪▪	▪▪▪▪▪▪▪▪▪▪	▪▪▪ ▪▪▪	▪▪▪▪▪
▪▪▪▪▪▪▪▪▪▪▪▪▪▪▪▪	▪▪▪▪▪▪▪▪▪▪▪▪▪▪▪▪	▪▪▪ ▪▪▪	▪▪▪▪▪
▪▪▪▪▪▪▪▪▪▪▪▪▪▪▪▪▪▪▪	▪▪▪▪▪▪▪▪▪▪▪▪▪▪▪▪▪▪ ▪▪▪ ▪▪▪	▪▪▪▪▪
▪▪▪▪▪▪▪▪▪▪▪▪▪▪▪▪▪▪▪	▪▪▪▪▪▪▪▪▪▪▪	▪▪▪ ▪▪▪	▪▪▪▪▪
▪▪▪▪▪▪▪▪▪▪▪▪▪▪▪▪▪▪▪▪▪▪▪	▪▪▪▪▪▪▪▪▪▪▪▪▪▪▪▪▪ ▪▪▪ ▪▪▪	▪▪▪▪▪
▪▪▪▪▪▪▪▪▪▪▪▪▪▪▪▪▪▪▪▪▪▪▪	▪▪▪▪▪▪▪▪▪▪▪▪▪▪▪▪▪ ▪▪▪ ▪▪▪	▪▪▪▪▪
▪▪▪▪▪▪▪▪▪▪▪▪▪▪▪▪▪▪▪▪▪	▪▪▪▪▪▪▪▪▪▪▪▪▪▪▪	▪▪▪ ▪▪▪	▪▪▪▪▪
▪▪▪▪▪▪▪▪▪▪▪	▪▪▪▪▪▪▪▪▪▪▪▪▪▪▪▪▪ ▪▪▪ ▪▪▪	▪▪▪▪▪
▪▪▪▪▪▪▪▪▪▪▪▪▪▪▪▪▪▪▪▪▪▪▪▪▪▪	▪▪▪▪▪▪▪▪	▪▪▪ ▪▪▪	▪▪▪▪▪
▪▪▪▪▪▪▪▪▪▪▪▪▪▪▪▪▪▪	▪▪▪▪▪▪▪▪▪▪▪▪▪	▪▪▪ ▪▪▪	▪▪▪▪▪
▪▪▪▪▪▪▪▪▪▪▪▪▪▪▪▪	▪▪▪▪▪▪▪▪▪	▪▪▪ ▪▪▪	▪▪▪▪▪
▪▪▪▪▪▪▪▪▪▪▪▪▪▪▪▪	▪▪▪▪▪▪▪▪▪▪	▪▪▪ ▪▪▪	▪▪▪▪▪
▪▪▪▪▪▪▪▪▪▪▪▪▪▪	▪▪▪▪▪▪▪▪▪	▪▪▪ ▪▪▪	▪▪▪▪▪
▪▪▪▪▪▪▪▪▪▪▪▪	▪▪▪▪▪▪▪▪▪	▪▪▪ ▪▪▪	▪▪▪▪▪
▪▪▪▪▪▪▪▪▪▪▪▪▪▪	▪▪▪▪▪▪▪▪▪▪▪▪▪	▪▪▪ ▪▪▪	▪▪▪▪▪
▪▪▪▪▪▪▪▪▪▪▪▪▪▪▪	▪▪▪▪▪▪▪▪	▪▪▪ ▪▪▪	▪▪▪▪▪
▪▪▪▪▪▪▪▪▪▪▪▪▪▪▪▪▪▪▪▪▪	▪▪▪▪▪▪▪▪▪	▪▪▪ ▪▪▪	▪▪▪▪▪
▪▪▪▪▪▪▪▪▪▪▪	▪▪▪▪▪▪▪▪▪	▪▪▪ ▪▪▪	▪▪▪▪▪
▪▪▪▪▪▪▪▪▪▪▪▪	▪▪▪▪▪▪▪▪▪▪▪▪▪▪▪	▪▪▪ ▪▪▪	▪▪▪▪▪
▪▪▪▪▪▪▪▪▪▪▪▪▪▪▪	▪▪▪▪▪▪▪▪▪▪▪▪▪▪	▪▪▪ ▪▪▪	▪▪▪▪▪
▪▪▪▪▪▪▪▪▪▪▪	▪▪▪▪▪▪▪▪▪▪▪▪▪▪▪	▪▪▪ ▪▪▪	▪▪▪▪▪
▪▪▪▪▪▪▪▪▪▪▪▪▪▪▪▪▪▪▪▪▪▪▪	▪▪▪▪▪▪▪▪▪▪▪▪▪▪▪▪▪▪▪ ▪▪▪ ▪▪▪	▪▪▪▪▪
▪▪▪▪▪▪▪▪▪▪▪▪▪▪▪▪	▪▪▪▪▪▪▪▪▪▪▪▪▪▪	▪▪▪ ▪▪▪	▪▪▪▪▪
▪▪▪▪▪▪▪▪▪▪▪▪▪▪▪▪▪▪▪▪	▪▪▪▪▪▪▪▪▪	▪▪▪ ▪▪▪	▪▪▪▪▪
▪▪▪▪▪▪▪▪▪▪▪▪▪▪▪▪▪▪▪▪▪▪▪▪	▪▪▪▪▪▪▪▪▪▪▪▪▪▪	▪▪▪ ▪▪▪	▪▪▪▪▪
▪▪▪▪▪▪▪▪▪▪▪▪▪▪	▪▪▪▪▪▪▪▪▪▪▪▪▪	▪▪▪ ▪▪▪	▪▪▪▪▪
▪▪▪▪▪▪▪▪▪▪▪	▪▪▪▪▪▪▪▪▪	▪▪▪ ▪▪▪	▪▪▪▪▪
▪▪▪▪▪▪▪▪▪▪▪▪▪▪▪▪▪▪▪▪	▪▪▪▪▪▪▪▪▪▪▪▪▪▪▪▪	▪▪▪ ▪▪▪	▪▪▪▪▪
▪▪▪▪▪▪▪▪▪▪▪▪▪	▪▪▪▪▪▪▪▪▪▪▪▪▪▪▪▪▪ ▪▪▪ ▪▪▪	▪▪▪▪▪
▪▪▪▪▪▪▪▪▪▪▪▪▪▪▪▪▪▪▪▪▪	▪▪▪▪▪▪▪▪▪▪▪▪▪▪▪▪▪▪ ▪▪▪ ▪▪▪	▪▪▪▪▪
▪▪▪▪▪▪▪▪▪▪▪▪▪▪▪▪	▪▪▪▪▪▪▪▪▪▪▪▪▪▪▪▪	▪▪▪ ▪▪▪	▪▪▪▪▪
▪▪▪▪▪▪▪▪▪▪▪▪▪▪▪▪▪▪▪	▪▪▪▪▪▪▪▪▪▪▪▪▪▪▪▪▪ ▪▪▪ ▪▪▪	▪▪▪▪▪
▪▪▪▪▪▪▪▪▪▪▪▪▪▪▪▪▪▪▪▪▪▪▪▪	▪▪▪▪▪▪▪▪▪▪▪▪▪▪▪▪	▪▪▪ ▪▪▪	▪▪▪▪▪
▪▪▪▪▪▪▪▪▪▪▪▪▪▪▪▪	▪▪▪▪▪▪▪▪▪▪▪▪▪▪▪▪▪▪ ▪▪▪ ▪▪▪	▪▪▪▪▪
▪▪▪▪▪▪▪▪▪▪▪▪▪▪▪▪▪▪▪▪▪▪	▪▪▪▪▪▪▪▪▪▪▪▪▪▪▪▪	▪▪▪ ▪▪▪	▪▪▪▪▪
▪▪▪▪▪▪▪▪▪▪▪▪▪▪▪▪▪▪▪▪▪▪▪▪▪▪	▪▪▪▪▪▪▪	▪▪▪ ▪▪▪	▪▪▪▪▪
▪▪▪▪▪▪▪▪▪▪▪▪	▪▪▪▪▪▪▪▪▪▪▪▪▪▪▪	▪▪▪ ▪▪▪	▪▪▪▪▪
▪▪▪▪▪▪▪▪▪▪▪▪▪▪▪▪▪▪▪▪▪▪▪▪▪▪	▪▪▪▪▪▪▪▪▪▪▪▪▪▪▪▪▪▪▪▪ ▪▪▪ ▪▪▪	▪▪▪▪▪
▪▪▪▪▪▪▪▪▪▪▪▪▪▪	▪▪▪▪▪▪▪▪	▪▪▪ ▪▪▪	▪▪▪▪▪
▪▪▪▪▪▪▪▪▪▪▪▪▪▪▪▪▪▪▪▪▪▪▪	▪▪▪▪▪▪▪▪▪▪▪	▪▪▪ ▪▪▪	▪▪▪▪▪
▪▪▪▪▪▪▪▪▪▪▪▪▪▪▪▪▪▪▪▪▪	▪▪▪▪▪▪▪▪▪▪▪▪▪▪▪▪▪▪▪ ▪▪▪ ▪▪▪	▪▪▪▪▪
▪▪▪▪▪▪▪▪▪▪▪▪	▪▪▪▪▪▪▪▪▪▪	▪▪▪ ▪▪▪	▪▪▪▪▪
▪▪▪▪▪▪▪▪▪▪▪▪▪▪▪▪▪▪▪▪▪▪▪	▪▪▪▪▪▪▪▪▪	▪▪▪ ▪▪▪	▪▪▪▪▪
▪▪▪▪▪▪▪▪▪▪▪▪	▪▪▪▪▪▪▪▪▪▪▪▪▪▪▪▪▪▪ ▪▪▪ ▪▪▪	▪▪▪▪▪
▪▪▪▪▪▪▪▪▪▪▪▪▪▪▪▪▪▪▪▪▪▪▪	▪▪▪▪▪▪▪▪▪▪▪▪▪▪▪▪▪ ▪▪▪ ▪▪▪	▪▪▪▪▪
▪▪▪▪▪▪▪▪▪▪▪▪▪▪▪▪▪▪	▪▪▪▪▪▪▪▪▪▪▪▪▪▪	▪▪▪ ▪▪▪	▪▪▪▪▪
▪▪▪▪▪▪▪▪▪▪▪▪▪▪▪▪▪▪▪▪▪	▪▪▪▪▪▪▪▪	▪▪▪ ▪▪▪	▪▪▪▪▪
▪▪▪▪▪▪▪▪▪▪▪▪▪▪▪▪▪▪▪▪▪▪	▪▪▪▪▪▪▪▪▪	▪▪▪ ▪▪▪	▪▪▪▪▪
▪▪▪▪▪▪▪▪▪▪▪▪	▪▪▪▪▪▪▪▪▪▪▪▪▪▪▪▪▪▪ ▪▪▪ ▪▪▪	▪▪▪▪▪
▪▪▪▪▪▪▪▪▪▪▪▪▪▪▪▪▪▪▪▪▪	▪▪▪▪▪▪▪	▪▪▪ ▪▪▪	▪▪▪▪▪
▪▪▪▪▪▪▪▪▪▪▪▪▪	▪▪▪▪▪▪▪▪▪▪▪▪▪▪▪	▪▪▪ ▪▪▪	▪▪▪▪▪
▪▪▪▪▪▪▪▪▪▪▪▪	▪▪▪▪▪▪▪▪▪▪▪	▪▪▪ ▪▪▪	▪▪▪▪▪
▪▪▪▪▪▪▪▪▪▪▪▪▪▪▪▪▪	▪▪▪▪▪▪▪▪▪▪▪▪▪▪▪▪▪▪▪ ▪▪▪ ▪▪▪	▪▪▪▪▪
▪▪▪▪▪▪▪▪▪▪▪▪▪▪▪▪▪▪▪	▪▪▪▪▪▪▪▪▪▪▪▪▪▪	▪▪▪ ▪▪▪	▪▪▪▪▪
▪▪▪▪▪▪▪▪▪▪▪▪▪▪▪▪▪▪▪▪▪▪	▪▪▪▪▪▪▪▪▪▪▪▪	▪▪▪ ▪▪▪	▪▪▪▪▪
▪▪▪▪▪▪▪▪▪▪▪▪▪▪▪	▪▪▪▪▪▪▪▪▪	▪▪▪ ▪▪▪	▪▪▪▪▪
▪▪▪▪▪▪▪▪▪▪▪▪	▪▪▪▪▪▪▪▪▪	▪▪▪ ▪▪▪	▪▪▪▪▪
▪▪▪▪▪▪▪▪▪▪▪▪▪▪▪▪	▪▪▪▪▪▪▪▪▪▪▪	▪▪▪ ▪▪▪	▪▪▪▪▪
▪▪▪▪▪▪▪▪▪▪▪▪▪▪▪▪▪▪▪	▪▪▪▪▪▪▪	▪▪▪ ▪▪▪	▪▪▪▪▪
▪▪▪▪▪▪▪▪▪▪▪▪▪▪	▪▪▪▪▪▪▪▪▪▪▪▪▪▪▪▪▪▪▪ ▪▪▪ ▪▪▪	▪▪▪▪▪
▪▪▪▪▪▪▪▪▪▪▪▪▪▪▪▪	▪▪▪▪▪▪▪▪▪▪▪▪	▪▪▪ ▪▪▪	▪▪▪▪▪
▪▪▪▪▪▪▪▪▪▪▪▪▪▪▪▪▪▪▪▪	▪▪▪▪▪▪▪▪▪▪▪▪▪▪▪▪▪▪ ▪▪▪ ▪▪▪	▪▪▪▪▪
▪▪▪▪▪▪▪▪▪▪▪▪▪▪	▪▪▪▪▪▪▪▪▪	▪▪▪ ▪▪▪	▪▪▪▪▪
▪▪▪▪▪▪▪▪▪▪▪▪▪▪▪▪▪▪▪▪▪▪▪▪▪	▪▪▪▪▪▪▪▪	▪▪▪ ▪▪▪	▪▪▪▪▪
▪▪▪▪▪▪▪▪▪▪▪▪▪▪▪▪▪▪▪▪▪▪▪	▪▪▪▪▪▪▪▪	▪▪▪ ▪▪▪	▪▪▪▪▪
▪▪▪▪▪▪▪▪▪▪▪▪▪▪▪▪▪	▪▪▪▪▪▪▪▪	▪▪▪ ▪▪▪	▪▪▪▪▪
▪▪▪▪▪▪▪▪▪▪▪▪▪▪▪▪▪▪▪	▪▪▪▪▪▪▪▪▪▪▪▪▪▪▪	▪▪▪ ▪▪▪	▪▪▪▪▪
▪▪▪▪▪▪▪▪▪▪▪▪▪▪▪▪▪	▪▪▪▪▪▪▪▪▪▪▪▪▪▪▪▪▪▪▪ ▪▪▪ ▪▪▪	▪▪▪▪▪
▪▪▪▪▪▪▪▪▪▪▪▪▪	▪▪▪▪▪▪▪▪▪	▪▪▪ ▪▪▪	▪▪▪▪▪
▪▪▪▪▪▪▪▪▪▪▪▪▪▪▪▪▪▪	▪▪▪▪▪▪▪▪▪▪▪▪	▪▪▪ ▪▪▪	▪▪▪▪▪
▪▪▪▪▪▪▪▪▪▪▪▪▪▪▪▪▪▪▪▪▪▪▪	▪▪▪▪▪▪▪▪▪▪▪▪▪▪▪▪▪ ▪▪▪ ▪▪▪	▪▪▪▪▪
▪▪▪▪▪▪▪▪▪▪▪▪▪▪▪▪▪▪▪▪▪▪▪	▪▪▪▪▪▪▪▪▪▪▪▪▪▪▪▪	▪▪▪ ▪▪▪	▪▪▪▪▪
▪▪▪▪▪▪▪▪▪▪▪▪	▪▪▪▪▪▪▪▪▪▪▪▪▪▪▪▪▪ ▪▪▪ ▪▪▪	▪▪▪▪▪
▪▪▪▪▪▪▪▪▪▪▪▪▪▪	▪▪▪▪▪▪▪▪▪▪▪▪▪▪▪▪▪▪▪ ▪▪▪ ▪▪▪	▪▪▪▪▪
▪▪▪▪▪▪▪▪▪▪▪▪▪▪▪▪▪▪▪▪	▪▪▪▪▪▪▪▪▪▪▪▪▪▪▪▪▪▪▪▪ ▪▪▪ ▪▪▪	▪▪▪▪▪
▪▪▪▪▪▪▪▪▪▪▪▪▪▪▪▪▪▪▪▪▪	▪▪▪▪▪▪▪▪▪▪▪▪▪▪▪▪▪▪▪ ▪▪▪ ▪▪▪	▪▪▪▪▪
▪▪▪▪▪▪▪▪▪▪▪▪▪	▪▪▪▪▪▪▪▪▪▪▪▪▪▪▪▪▪ ▪▪▪ ▪▪▪	▪▪▪▪▪
▪▪▪▪▪▪▪▪▪▪▪	▪▪▪▪▪▪▪▪▪▪▪	▪▪▪ ▪▪▪	▪▪▪▪▪
▪▪▪▪▪▪▪▪▪▪▪▪▪▪▪▪▪▪▪	▪▪▪▪▪▪▪▪▪▪▪	▪▪▪ ▪▪▪	▪▪▪▪▪
▪▪▪▪▪▪▪▪▪▪▪▪▪▪▪▪▪▪▪▪▪▪▪▪	▪▪▪▪▪▪▪▪▪▪▪▪▪▪	▪▪▪ ▪▪▪	▪▪▪▪▪
▪▪▪▪▪▪▪▪▪▪▪▪▪▪▪	▪▪▪▪▪▪▪▪▪	▪▪▪ ▪▪▪	▪▪▪▪▪
▪▪▪▪▪▪▪▪▪▪▪▪	▪▪▪▪▪▪▪▪▪▪▪	▪▪▪ ▪▪▪	▪▪▪▪▪
▪▪▪▪▪▪▪▪▪▪▪▪▪▪▪▪▪▪▪▪	▪▪▪▪▪▪▪▪▪▪▪▪▪▪▪▪	▪▪▪ ▪▪▪	▪▪▪▪▪
▪▪▪▪▪▪▪▪▪▪▪▪▪▪▪▪▪▪▪▪▪▪	▪▪▪▪▪▪▪▪▪▪▪▪▪▪▪▪▪ ▪▪▪ ▪▪▪	▪▪▪▪▪
▪▪▪▪▪▪▪▪▪▪▪▪▪▪▪▪▪▪▪▪▪	▪▪▪▪▪▪▪▪▪	▪▪▪ ▪▪▪	▪▪▪▪▪
▪▪▪▪▪▪▪▪▪▪▪▪▪▪▪▪▪▪▪▪▪▪▪▪	▪▪▪▪▪▪▪▪▪▪▪▪▪▪	▪▪▪ ▪▪▪	▪▪▪▪▪
▪▪▪▪▪▪▪▪▪▪▪▪▪▪▪▪▪▪▪▪▪▪▪	▪▪▪▪▪▪▪▪▪▪▪▪	▪▪▪ ▪▪▪	▪▪▪▪▪
▪▪▪▪▪▪▪▪▪▪▪▪▪▪▪▪▪▪▪	▪▪▪▪▪▪▪▪▪	▪▪▪ ▪▪▪	▪▪▪▪▪
▪▪▪▪▪▪▪▪▪▪▪▪▪▪▪▪▪▪▪▪▪▪▪	▪▪▪▪▪▪▪▪▪▪▪	▪▪▪ ▪▪▪	▪▪▪▪▪
▪▪▪▪▪▪▪▪▪▪▪▪▪▪▪▪▪▪▪▪▪	▪▪▪▪▪▪▪▪▪▪▪▪▪▪	▪▪▪ ▪▪▪	▪▪▪▪▪
▪▪▪▪▪▪▪▪▪▪▪▪	▪▪▪▪▪▪▪▪▪▪▪▪▪▪▪▪▪ ▪▪▪ ▪▪▪	▪▪▪▪▪
▪▪▪▪▪▪▪▪▪▪▪▪▪▪▪▪▪▪▪▪▪▪▪▪▪	▪▪▪▪▪▪▪▪▪▪▪▪	▪▪▪ ▪▪▪	▪▪▪▪▪
▪▪▪▪▪▪▪▪▪▪▪▪▪▪▪▪▪▪▪▪▪▪▪	▪▪▪▪▪▪▪▪▪▪▪▪	▪▪▪ ▪▪▪	▪▪▪▪▪
▪▪▪▪▪▪▪▪▪▪▪▪▪▪▪▪▪▪▪▪	▪▪▪▪▪▪▪▪▪▪	▪▪▪ ▪▪▪	▪▪▪▪▪
▪▪▪▪▪▪▪▪▪▪▪▪▪▪▪▪▪	▪▪▪▪▪▪▪▪▪	▪▪▪ ▪▪▪	▪▪▪▪▪
▪▪▪▪▪▪▪▪▪▪▪▪▪▪▪▪▪▪	▪▪▪▪▪▪▪▪▪▪▪▪	▪▪▪ ▪▪▪	▪▪▪▪▪
▪▪▪▪▪▪▪▪▪▪▪▪▪▪▪▪▪▪	▪▪▪▪▪▪▪▪▪▪▪▪▪▪▪▪▪▪▪ ▪▪▪ ▪▪▪	▪▪▪▪▪
▪▪▪▪▪▪▪▪▪▪▪▪▪▪▪▪▪▪▪▪▪▪	▪▪▪▪▪▪▪▪▪▪▪▪▪▪▪▪▪▪▪ ▪▪▪ ▪▪▪	▪▪▪▪▪
▪▪▪▪▪▪▪▪▪▪▪	▪▪▪▪▪▪▪▪▪▪▪▪▪▪▪▪▪▪ ▪▪▪ ▪▪▪	▪▪▪▪▪
▪▪▪▪▪▪▪▪▪▪▪▪▪▪▪▪▪▪▪▪▪▪▪▪▪	▪▪▪▪▪▪▪▪▪	▪▪▪ ▪▪▪	▪▪▪▪▪
▪▪▪▪▪▪▪▪▪▪▪▪	▪▪▪▪▪▪▪	▪▪▪ ▪▪▪	▪▪▪▪▪
▪▪▪▪▪▪▪▪▪▪▪▪▪▪▪▪▪▪▪▪▪▪▪	▪▪▪▪▪▪▪	▪▪▪ ▪▪▪	▪▪▪▪▪
▪▪▪▪▪▪▪▪▪▪▪▪▪▪▪▪▪▪	▪▪▪▪▪▪▪▪▪▪▪	▪▪▪ ▪▪▪	▪▪▪▪▪
▪▪▪▪▪▪▪▪▪▪▪▪▪▪▪▪▪▪▪▪▪▪▪▪▪	▪▪▪▪▪▪▪▪▪▪▪▪▪▪▪▪▪ ▪▪▪ ▪▪▪	▪▪▪▪▪
▪▪▪▪▪▪▪▪▪▪▪▪	▪▪▪▪▪▪▪▪▪▪▪	▪▪▪ ▪▪▪	▪▪▪▪▪
▪▪▪▪▪▪▪▪▪▪▪▪▪▪▪	▪▪▪▪▪▪▪▪▪▪▪▪▪▪▪	▪▪▪ ▪▪▪	▪▪▪▪▪
▪▪▪▪▪▪▪▪▪▪▪▪▪▪▪▪▪▪▪	▪▪▪▪▪▪▪▪▪▪▪▪▪	▪▪▪ ▪▪▪	▪▪▪▪▪
▪▪▪▪▪▪▪▪▪▪▪▪▪▪▪	▪▪▪▪▪▪▪▪	▪▪▪ ▪▪▪	▪▪▪▪▪
▪▪▪▪▪▪▪▪▪▪▪▪▪▪▪▪▪▪▪▪▪▪	▪▪▪▪▪▪▪▪▪▪▪▪▪	▪▪▪ ▪▪▪	▪▪▪▪▪
▪▪▪▪▪▪▪▪▪▪▪▪▪▪	▪▪▪▪▪▪▪▪▪▪▪▪▪▪	▪▪▪ ▪▪▪	▪▪▪▪▪
▪▪▪▪▪▪▪▪▪▪▪▪▪▪▪▪▪▪▪▪▪	▪▪▪▪▪▪▪▪▪▪▪▪▪▪	▪▪▪ ▪▪▪	▪▪▪▪▪
▪▪▪▪▪▪▪▪▪▪▪▪▪▪	▪▪▪▪▪▪▪▪▪▪	▪▪▪ ▪▪▪	▪▪▪▪▪
▪▪▪▪▪▪▪▪▪▪▪▪▪▪▪▪	▪▪▪▪▪▪▪▪▪▪	▪▪▪ ▪▪▪	▪▪▪▪▪
▪▪▪▪▪▪▪▪▪▪▪▪▪▪▪▪▪▪▪▪	▪▪▪▪▪▪▪▪▪	▪▪▪ ▪▪▪	▪▪▪▪▪
▪▪▪▪▪▪▪▪▪▪▪	▪▪▪▪▪▪▪▪▪▪	▪▪▪ ▪▪▪	▪▪▪▪▪
▪▪▪▪▪▪▪▪▪▪▪▪▪▪	▪▪▪▪▪▪▪▪▪▪▪▪▪▪▪▪▪▪▪ ▪▪▪ ▪▪▪	▪▪▪▪▪
▪▪▪▪▪▪▪▪▪▪▪▪▪▪▪▪▪	▪▪▪▪▪▪▪▪▪	▪▪▪ ▪▪▪	▪▪▪▪▪
▪▪▪▪▪▪▪▪▪▪▪▪▪▪▪▪▪▪	▪▪▪▪▪▪▪▪▪▪▪▪▪▪▪▪	▪▪▪ ▪▪▪	▪▪▪▪▪
▪▪▪▪▪▪▪▪▪▪▪▪▪▪	▪▪▪▪▪▪▪▪▪▪▪▪▪▪▪▪▪▪▪▪ ▪▪▪ ▪▪▪	▪▪▪▪▪
▪▪▪▪▪▪▪▪▪▪▪▪▪▪▪▪▪▪	▪▪▪▪▪▪▪▪▪▪▪▪▪▪▪▪▪▪▪▪ ▪▪▪ ▪▪▪	▪▪▪▪▪
▪▪▪▪▪▪▪▪▪▪▪▪▪▪▪▪▪▪▪▪▪▪▪▪▪	▪▪▪▪▪▪▪▪▪	▪▪▪ ▪▪▪	▪▪▪▪▪
▪▪▪▪▪▪▪▪▪▪▪▪▪▪▪▪▪▪▪▪▪	▪▪▪▪▪▪▪▪▪▪▪▪▪▪▪▪	▪▪▪ ▪▪▪	▪▪▪▪▪
▪▪▪▪▪▪▪▪▪▪▪	▪▪▪▪▪▪▪▪▪▪▪▪▪▪▪▪▪▪ ▪▪▪ ▪▪▪	▪▪▪▪▪
▪▪▪▪▪▪▪▪▪▪▪▪▪▪▪▪▪▪▪▪▪	▪▪▪▪▪▪▪▪▪▪▪▪▪▪▪▪	▪▪▪ ▪▪▪	▪▪▪▪▪
▪▪▪▪▪▪▪▪▪▪▪▪▪▪▪▪▪▪▪▪▪▪▪▪▪	▪▪▪▪▪▪▪▪▪▪▪▪	▪▪▪ ▪▪▪	▪▪▪▪▪
▪▪▪▪▪▪▪▪▪▪▪▪▪▪▪▪▪▪	▪▪▪▪▪▪▪▪▪▪	▪▪▪ ▪▪▪	▪▪▪▪▪
▪▪▪▪▪▪▪▪▪▪▪▪	▪▪▪▪▪▪▪▪▪▪▪▪▪▪▪▪▪▪ ▪▪▪ ▪▪▪	▪▪▪▪▪
▪▪▪▪▪▪▪▪▪▪▪▪▪▪	▪▪▪▪▪▪▪▪▪▪▪▪	▪▪▪ ▪▪▪	▪▪▪▪▪
▪▪▪▪▪▪▪▪▪▪▪▪▪	▪▪▪▪▪▪▪▪▪▪▪	▪▪▪ ▪▪▪	▪▪▪▪▪
▪▪▪▪▪▪▪▪▪▪▪▪▪▪▪▪▪▪	▪▪▪▪▪▪▪▪▪▪▪▪▪▪▪▪▪▪▪ ▪▪▪ ▪▪▪	▪▪▪▪▪
▪▪▪▪▪▪▪▪▪▪▪▪▪▪▪▪▪▪▪▪▪▪▪▪▪	▪▪▪▪▪▪▪	▪▪▪ ▪▪▪	▪▪▪▪▪
▪▪▪▪▪▪▪▪▪▪▪▪▪▪▪▪▪	▪▪▪▪▪▪▪▪▪▪▪▪▪▪	▪▪▪ ▪▪▪	▪▪▪▪▪
▪▪▪▪▪▪▪▪▪▪▪▪▪▪	▪▪▪▪▪▪▪▪▪	▪▪▪ ▪▪▪	▪▪▪▪▪
▪▪▪▪▪▪▪▪▪▪▪▪▪▪▪▪▪▪	▪▪▪▪▪▪▪▪▪▪▪▪▪▪▪▪	▪▪▪ ▪▪▪	▪▪▪▪▪
▪▪▪▪▪▪▪▪▪▪▪▪▪▪▪▪▪▪	▪▪▪▪▪▪▪▪▪	▪▪▪ ▪▪▪	▪▪▪▪▪
▪▪▪▪▪▪▪▪▪▪▪▪▪▪▪▪▪▪▪▪	▪▪▪▪▪▪▪▪▪▪▪▪▪▪▪▪▪▪▪ ▪▪▪ ▪▪▪	▪▪▪▪▪
▪▪▪▪▪▪▪▪▪▪▪▪	▪▪▪▪▪▪▪▪▪▪▪▪▪▪▪	▪▪▪ ▪▪▪	▪▪▪▪▪
▪▪▪▪▪▪▪▪▪▪▪▪▪▪▪▪▪▪▪▪▪▪▪	▪▪▪▪▪▪▪▪▪▪▪▪▪▪▪	▪▪▪ ▪▪▪	▪▪▪▪▪
▪▪▪▪▪▪▪▪▪▪▪	▪▪▪▪▪▪▪▪▪▪▪▪▪▪▪	▪▪▪ ▪▪▪	▪▪▪▪▪
▪▪▪▪▪▪▪▪▪▪▪▪	▪▪▪▪▪▪▪▪▪▪	▪▪▪ ▪▪▪	▪▪▪▪▪
▪▪▪▪▪▪▪▪▪▪▪▪▪▪▪▪▪▪▪▪▪	▪▪▪▪▪▪▪▪▪	▪▪▪ ▪▪▪	▪▪▪▪▪
▪▪▪▪▪▪▪▪▪▪▪▪▪▪▪▪▪▪▪▪▪▪	▪▪▪▪▪▪▪▪▪▪▪▪▪	▪▪▪ ▪▪▪	▪▪▪▪▪
▪▪▪▪▪▪▪▪▪▪▪▪▪▪▪▪▪▪▪▪▪▪▪▪▪	▪▪▪▪▪▪▪▪▪▪▪▪▪▪▪▪▪▪ ▪▪▪ ▪▪▪	▪▪▪▪▪
▪▪▪▪▪▪▪▪▪▪▪▪▪▪▪▪▪	▪▪▪▪▪▪▪▪	▪▪▪ ▪▪▪	▪▪▪▪▪
▪▪▪▪▪▪▪▪▪▪▪▪	▪▪▪▪▪▪▪▪▪▪▪▪▪▪▪▪▪▪▪ ▪▪▪ ▪▪▪	▪▪▪▪▪
▪▪▪▪▪▪▪▪▪▪▪▪▪▪▪▪▪▪▪▪▪▪▪▪	▪▪▪▪▪▪▪▪▪▪▪▪▪▪▪▪▪▪ ▪▪▪ ▪▪▪	▪▪▪▪▪
▪▪▪▪▪▪▪▪▪▪▪▪▪▪▪▪	▪▪▪▪▪▪▪▪▪▪▪▪▪▪▪▪▪ ▪▪▪ ▪▪▪	▪▪▪▪▪
▪▪▪▪▪▪▪▪▪▪▪▪▪▪▪▪▪	▪▪▪▪▪▪▪▪▪▪	▪▪▪ ▪▪▪	▪▪▪▪▪
▪▪▪▪▪▪▪▪▪▪▪▪▪▪	▪▪▪▪▪▪▪▪▪▪▪▪▪	▪▪▪ ▪▪▪	▪▪▪▪▪
▪▪▪▪▪▪▪▪▪▪▪▪▪▪▪▪▪▪▪▪▪▪▪▪	▪▪▪▪▪▪▪▪▪▪▪▪▪▪▪	▪▪▪ ▪▪▪	▪▪▪▪▪
▪▪▪▪▪▪▪▪▪▪▪▪	▪▪▪▪▪▪▪▪▪▪▪▪▪▪▪▪▪ ▪▪▪ ▪▪▪	▪▪▪▪▪
▪▪▪▪▪▪▪▪▪▪▪▪▪▪▪▪	▪▪▪▪▪▪▪	▪▪▪ ▪▪▪	▪▪▪▪▪
▪▪▪▪▪▪▪▪▪▪▪▪▪▪	▪▪▪▪▪▪▪▪▪▪▪▪▪▪▪▪▪▪ ▪▪▪ ▪▪▪	▪▪▪▪▪
▪▪▪▪▪▪▪▪▪▪▪▪▪▪▪▪▪▪	▪▪▪▪▪▪▪▪▪▪▪▪▪▪▪▪▪▪ ▪▪▪ ▪▪▪	▪▪▪▪▪
▪▪▪▪▪▪▪▪▪▪▪▪▪▪▪▪▪▪▪	▪▪▪▪▪▪▪▪▪▪▪▪▪▪▪▪▪▪▪ ▪▪▪ ▪▪▪	▪▪▪▪▪
▪▪▪▪▪▪▪▪▪▪▪▪▪▪▪▪▪▪▪▪▪▪▪▪	▪▪▪▪▪▪▪▪▪▪▪▪▪▪▪▪▪▪▪ ▪▪▪ ▪▪▪	▪▪▪▪▪
▪▪▪▪▪▪▪▪▪▪▪▪▪▪▪▪▪▪▪▪▪▪▪	▪▪▪▪▪▪▪▪▪▪▪▪▪▪▪▪▪ ▪▪▪ ▪▪▪	▪▪▪▪▪
▪▪▪▪▪▪▪▪▪▪▪▪▪▪	▪▪▪▪▪▪▪▪▪▪▪▪▪▪	▪▪▪ ▪▪▪	▪▪▪▪▪
▪▪▪▪▪▪▪▪▪▪▪▪▪▪▪▪▪▪▪▪▪▪▪▪▪▪	▪▪▪▪▪▪▪	▪▪▪ ▪▪▪	▪▪▪▪▪
▪▪▪▪▪▪▪▪▪▪▪▪▪▪▪▪▪	▪▪▪▪▪▪▪▪▪▪▪▪▪▪▪▪▪▪▪ ▪▪▪ ▪▪▪	▪▪▪▪▪
▪▪▪▪▪▪▪▪▪▪▪▪▪▪▪▪▪▪▪▪▪	▪▪▪▪▪▪▪▪	▪▪▪ ▪▪▪	▪▪▪▪▪
▪▪▪▪▪▪▪▪▪▪	▪▪▪▪▪▪▪▪▪▪▪▪▪▪▪	▪▪▪ ▪▪▪	▪▪▪▪▪
▪▪▪▪▪▪▪▪▪▪▪▪▪▪▪▪▪▪▪▪▪▪	▪▪▪▪▪▪▪▪▪▪▪▪▪▪▪	▪▪▪ ▪▪▪	▪▪▪▪▪
▪▪▪▪▪▪▪▪▪▪▪▪▪	▪▪▪▪▪▪▪▪▪▪▪▪▪▪▪▪▪▪▪▪ ▪▪▪ ▪▪▪	▪▪▪▪▪
▪▪▪▪▪▪▪▪▪▪▪▪▪▪	▪▪▪▪▪▪▪▪▪▪▪▪▪▪▪▪▪▪▪ ▪▪▪ ▪▪▪	▪▪▪▪▪
▪▪▪▪▪▪▪▪▪▪▪	▪▪▪▪▪▪▪▪▪▪	▪▪▪ ▪▪▪	▪▪▪▪▪
▪▪▪▪▪▪▪▪▪▪▪▪▪	▪▪▪▪▪▪▪▪▪▪▪▪▪▪	▪▪▪ ▪▪▪	▪▪▪▪▪
▪▪▪▪▪▪▪▪▪▪	▪▪▪▪▪▪▪▪▪▪▪	▪▪▪ ▪▪▪	▪▪▪▪▪
▪▪▪▪▪▪▪▪▪▪▪▪▪▪▪▪▪▪▪▪▪	▪▪▪▪▪▪▪	▪▪▪ ▪▪▪	▪▪▪▪▪
▪▪▪▪▪▪▪▪▪▪▪▪▪▪▪▪▪▪▪▪▪▪▪▪	▪▪▪▪▪▪▪▪	▪▪▪ ▪▪▪	▪▪▪▪▪
▪▪▪▪▪▪▪▪▪▪▪▪▪▪▪▪▪▪▪▪▪	▪▪▪▪▪▪▪▪▪▪	▪▪▪ ▪▪▪	▪▪▪▪▪
▪▪▪▪▪▪▪▪▪▪▪▪▪▪▪▪▪▪▪▪▪▪▪▪▪▪	▪▪▪▪▪▪▪▪▪▪▪▪	▪▪▪ ▪▪▪	▪▪▪▪▪
▪▪▪▪▪▪▪▪▪▪▪▪▪▪▪▪▪▪▪▪▪	▪▪▪▪▪▪▪▪▪▪▪▪▪▪▪▪▪▪▪ ▪▪▪ ▪▪▪	▪▪▪▪▪
▪▪▪▪▪▪▪▪▪▪▪▪▪▪▪▪▪▪▪	▪▪▪▪▪▪▪▪▪▪▪▪▪▪▪▪▪▪ ▪▪▪ ▪▪▪	▪▪▪▪▪
▪▪▪▪▪▪▪▪▪▪▪▪▪▪	▪▪▪▪▪▪▪▪▪▪▪▪▪▪▪	▪▪▪ ▪▪▪	▪▪▪▪▪
▪▪▪▪▪▪▪▪▪▪▪▪▪▪▪▪▪▪▪▪▪▪▪▪▪▪	▪▪▪▪▪▪▪▪▪▪▪▪▪	▪▪▪ ▪▪▪	▪▪▪▪▪
▪▪▪▪▪▪▪▪▪▪▪▪▪▪▪▪▪▪▪▪▪▪▪▪▪	▪▪▪▪▪▪▪▪▪▪▪▪▪▪▪	▪▪▪ ▪▪▪	▪▪▪▪▪
▪▪▪▪▪▪▪▪▪▪▪▪▪▪▪▪▪▪▪▪▪▪▪▪	▪▪▪▪▪▪▪	▪▪▪ ▪▪▪	▪▪▪▪▪
▪▪▪▪▪▪▪▪▪▪▪	▪▪▪▪▪▪▪▪▪▪▪▪▪▪▪▪▪▪▪ ▪▪▪ ▪▪▪	▪▪▪▪▪
▪▪▪▪▪▪▪▪▪▪▪▪▪▪	▪▪▪▪▪▪▪▪▪▪▪▪▪▪▪▪▪ ▪▪▪ ▪▪▪	▪▪▪▪▪
▪▪▪▪▪▪▪▪▪▪▪▪	▪▪▪▪▪▪▪	▪▪▪ ▪▪▪	▪▪▪▪▪
▪▪▪▪▪▪▪▪▪▪▪▪▪	▪▪▪▪▪▪▪▪▪▪▪▪▪▪▪▪▪ ▪▪▪ ▪▪▪	▪▪▪▪▪
▪▪▪▪▪▪▪▪▪▪▪▪▪▪▪▪▪▪▪▪▪▪	▪▪▪▪▪▪▪▪▪▪▪▪▪▪▪▪	▪▪▪ ▪▪▪	▪▪▪▪▪
▪▪▪▪▪▪▪▪▪▪▪▪▪▪▪▪	▪▪▪▪▪▪▪▪▪▪▪▪▪▪▪▪▪▪ ▪▪▪ ▪▪▪	▪▪▪▪▪
▪▪▪▪▪▪▪▪▪▪▪▪▪▪▪▪▪▪▪▪▪▪	▪▪▪▪▪▪▪▪▪▪	▪▪▪ ▪▪▪	▪▪▪▪▪
▪▪▪▪▪▪▪▪▪▪▪▪▪▪▪▪▪▪▪▪▪▪▪	▪▪▪▪▪▪▪▪▪▪▪▪▪▪▪▪▪ ▪▪▪ ▪▪▪	▪▪▪▪▪
▪▪▪▪▪▪▪▪▪▪▪▪▪▪▪▪▪▪▪▪▪▪▪▪▪	▪▪▪▪▪▪▪▪▪▪▪▪▪▪▪▪▪▪▪ ▪▪▪ ▪▪▪	▪▪▪▪▪
▪▪▪▪▪▪▪▪▪▪▪▪	▪▪▪▪▪▪▪▪▪▪▪▪▪▪▪▪▪ ▪▪▪ ▪▪▪	▪▪▪▪▪
▪▪▪▪▪▪▪▪▪▪▪▪▪▪▪▪▪▪▪▪▪▪	▪▪▪▪▪▪▪▪▪▪	▪▪▪ ▪▪▪	▪▪▪▪▪
▪▪▪▪▪▪▪▪▪▪▪▪	▪▪▪▪▪▪▪▪▪▪▪▪▪▪▪	▪▪▪ ▪▪▪	▪▪▪▪▪
▪▪▪▪▪▪▪▪▪▪▪▪▪▪▪▪▪▪▪	▪▪▪▪▪▪▪▪▪▪▪▪▪▪	▪▪▪ ▪▪▪	▪▪▪▪▪
▪▪▪▪▪▪▪▪▪▪▪▪▪▪▪▪▪▪▪▪▪▪▪▪	▪▪▪▪▪▪▪▪▪▪▪▪▪	▪▪▪ ▪▪▪	▪▪▪▪▪
▪▪▪▪▪▪▪▪▪▪▪▪▪▪▪▪	▪▪▪▪▪▪▪▪	▪▪▪ ▪▪▪	▪▪▪▪▪
▪▪▪▪▪▪▪▪▪▪▪▪▪▪▪▪▪	▪▪▪▪▪▪▪	▪▪▪ ▪▪▪	▪▪▪▪▪
▪▪▪▪▪▪▪▪▪▪▪▪▪▪▪▪▪▪▪	▪▪▪▪▪▪▪▪▪▪▪▪▪▪▪▪▪▪ ▪▪▪ ▪▪▪	▪▪▪▪▪
▪▪▪▪▪▪▪▪▪▪▪▪▪▪▪▪▪▪▪▪▪▪▪▪	▪▪▪▪▪▪▪▪▪▪▪▪▪▪▪▪▪ ▪▪▪ ▪▪▪	▪▪▪▪▪
▪▪▪▪▪▪▪▪▪▪▪	▪▪▪▪▪▪▪▪▪▪▪▪▪	▪▪▪ ▪▪▪	▪▪▪▪▪
▪▪▪▪▪▪▪▪▪▪▪▪▪	▪▪▪▪▪▪▪▪▪▪▪▪▪▪▪	▪▪▪ ▪▪▪	▪▪▪▪▪
▪▪▪▪▪▪▪▪▪▪▪▪	▪▪▪▪▪▪▪▪	▪▪▪ ▪▪▪	▪▪▪▪▪
▪▪▪▪▪▪▪▪▪▪▪▪▪▪▪▪▪▪▪▪▪▪▪	▪▪▪▪▪▪▪▪▪▪	▪▪▪ ▪▪▪	▪▪▪▪▪
▪▪▪▪▪▪▪▪▪▪▪▪▪▪▪▪▪▪▪▪▪▪▪▪▪	▪▪▪▪▪▪▪▪▪	▪▪▪ ▪▪▪	▪▪▪▪▪
▪▪▪▪▪▪▪▪▪▪▪▪▪▪▪	▪▪▪▪▪▪▪▪▪▪	▪▪▪ ▪▪▪	▪▪▪▪▪
▪▪▪▪▪▪▪▪▪▪	▪▪▪▪▪▪▪▪▪▪▪▪▪▪▪▪	▪▪▪ ▪▪▪	▪▪▪▪▪
▪▪▪▪▪▪▪▪▪▪▪▪▪▪	▪▪▪▪▪▪▪▪▪▪▪▪▪▪▪▪▪ ▪▪▪ ▪▪▪	▪▪▪▪▪
▪▪▪▪▪▪▪▪▪▪▪▪▪▪▪▪▪▪▪▪▪▪▪	▪▪▪▪▪▪▪▪▪▪▪▪▪▪	▪▪▪ ▪▪▪	▪▪▪▪▪
▪▪▪▪▪▪▪▪▪▪▪▪▪▪▪▪▪▪▪▪▪▪▪▪▪	▪▪▪▪▪▪▪▪	▪▪▪ ▪▪▪	▪▪▪▪▪
▪▪▪▪▪▪▪▪▪▪▪▪▪▪▪▪▪▪	▪▪▪▪▪▪▪▪▪▪▪▪▪▪▪▪▪▪▪ ▪▪▪ ▪▪▪	▪▪▪▪▪
▪▪▪▪▪▪▪▪▪▪▪▪▪▪▪▪▪▪▪▪▪▪▪▪▪▪	▪▪▪▪▪▪▪▪▪▪▪▪▪	▪▪▪ ▪▪▪	▪▪▪▪▪
▪▪▪▪▪▪▪▪▪▪	▪▪▪▪▪▪▪▪▪▪▪▪▪▪▪▪▪▪ ▪▪▪ ▪▪▪	▪▪▪▪▪
▪▪▪▪▪▪▪▪▪▪▪▪▪▪▪▪▪▪▪▪▪▪▪▪	▪▪▪▪▪▪▪▪▪▪▪▪▪▪▪▪▪ ▪▪▪ ▪▪▪	▪▪▪▪▪
▪▪▪▪▪▪▪▪▪▪▪▪	▪▪▪▪▪▪▪▪▪▪	▪▪▪ ▪▪▪	▪▪▪▪▪
▪▪▪▪▪▪▪▪▪▪▪▪▪▪▪▪▪▪	▪▪▪▪▪▪▪▪▪▪	▪▪▪ ▪▪▪	▪▪▪▪▪
▪▪▪▪▪▪▪▪▪▪▪▪▪▪▪▪▪▪▪▪▪▪▪▪	▪▪▪▪▪▪▪▪▪▪▪▪▪▪▪▪	▪▪▪ ▪▪▪	▪▪▪▪▪
▪▪▪▪▪▪▪▪▪▪▪▪▪▪▪▪▪▪▪▪	▪▪▪▪▪▪▪▪▪▪	▪▪▪ ▪▪▪	▪▪▪▪▪
▪▪▪▪▪▪▪▪▪▪▪▪▪▪▪▪▪▪▪▪▪▪	▪▪▪▪▪▪▪▪▪▪▪▪▪▪▪▪	▪▪▪ ▪▪▪	▪▪▪▪▪
▪▪▪▪▪▪▪▪▪▪▪▪▪▪▪▪▪▪▪▪▪▪	▪▪▪▪▪▪▪▪	▪▪▪ ▪▪▪	▪▪▪▪▪
▪▪▪▪▪▪▪▪▪▪▪▪▪▪▪▪▪▪▪▪▪▪	▪▪▪▪▪▪▪▪▪▪▪▪▪▪▪▪▪ ▪▪▪ ▪▪▪	▪▪▪▪▪
▪▪▪▪▪▪▪▪▪▪▪▪	▪▪▪▪▪▪▪▪▪▪▪▪	▪▪▪ ▪▪▪	▪▪▪▪▪
▪▪▪▪▪▪▪▪▪▪▪▪▪▪▪▪▪▪▪▪▪▪▪	▪▪▪▪▪▪▪▪▪▪▪	▪▪▪ ▪▪▪	▪▪▪▪▪
▪▪▪▪▪▪▪▪▪▪▪▪▪▪▪▪▪▪▪▪▪▪▪▪	▪▪▪▪▪▪▪▪▪▪	▪▪▪ ▪▪▪	▪▪▪▪▪
▪▪▪▪▪▪▪▪▪▪▪▪▪▪▪▪▪▪▪▪▪▪▪▪▪	▪▪▪▪▪▪▪▪▪▪▪▪▪▪▪▪▪ ▪▪▪ ▪▪▪	▪▪▪▪▪
▪▪▪▪▪▪▪▪▪▪▪▪▪▪▪▪	▪▪▪▪▪▪▪▪▪▪▪▪▪▪	▪▪▪ ▪▪▪	▪▪▪▪▪
▪▪▪▪▪▪▪▪▪▪▪▪▪▪▪▪	▪▪▪▪▪▪▪▪▪▪▪▪▪▪▪▪▪▪ ▪▪▪ ▪▪▪	▪▪▪▪▪
▪▪▪▪▪▪▪▪▪▪▪▪▪▪▪▪▪▪	▪▪▪▪▪▪▪▪▪	▪▪▪ ▪▪▪	▪▪▪▪▪
▪▪▪▪▪▪▪▪▪▪▪▪▪▪▪▪▪▪▪▪▪▪▪▪	▪▪▪▪▪▪▪▪▪▪	▪▪▪ ▪▪▪	▪▪▪▪▪
▪▪▪▪▪▪▪▪▪▪▪▪▪▪▪▪▪▪	▪▪▪▪▪▪▪	▪▪▪ ▪▪▪	▪▪▪▪▪
▪▪▪▪▪▪▪▪▪▪▪▪▪	▪▪▪▪▪▪▪▪▪▪▪▪▪▪▪▪▪▪ ▪▪▪ ▪▪▪	▪▪▪▪▪
▪▪▪▪▪▪▪▪▪▪▪▪▪▪▪▪▪▪▪▪	▪▪▪▪▪▪▪▪▪▪▪▪▪▪▪▪	▪▪▪ ▪▪▪	▪▪▪▪▪
▪▪▪▪▪▪▪▪▪▪▪▪▪▪▪▪▪▪▪	▪▪▪▪▪▪▪▪	▪▪▪ ▪▪▪	▪▪▪▪▪
▪▪▪▪▪▪▪▪▪▪▪▪▪▪	▪▪▪▪▪▪▪▪▪	▪▪▪ ▪▪▪	▪▪▪▪▪
▪▪▪▪▪▪▪▪▪▪▪▪▪▪▪▪▪▪▪▪▪▪▪	▪▪▪▪▪▪▪▪▪▪▪	▪▪▪ ▪▪▪	▪▪▪▪▪
▪▪▪▪▪▪▪▪▪▪	▪▪▪▪▪▪▪▪▪▪▪	▪▪▪ ▪▪▪	▪▪▪▪▪
▪▪▪▪▪▪▪▪▪▪▪▪	▪▪▪▪▪▪▪▪▪▪▪▪▪▪	▪▪▪ ▪▪▪	▪▪▪▪▪
▪▪▪▪▪▪▪▪▪▪▪▪▪▪▪▪▪▪▪▪▪▪▪▪▪	▪▪▪▪▪▪▪▪▪▪▪	▪▪▪ ▪▪▪	▪▪▪▪▪
▪▪▪▪▪▪▪▪▪▪▪▪	▪▪▪▪▪▪▪▪▪	▪▪▪ ▪▪▪	▪▪▪▪▪
▪▪▪▪▪▪▪▪▪▪▪▪	▪▪▪▪▪▪▪▪▪	▪▪▪ ▪▪▪	▪▪▪▪▪
▪▪▪▪▪▪▪▪▪▪▪▪▪▪▪	▪▪▪▪▪▪▪▪	▪▪▪ ▪▪▪	▪▪▪▪▪
▪▪▪▪▪▪▪▪▪▪▪▪▪	▪▪▪▪▪▪▪▪▪▪▪▪▪▪▪▪▪▪ ▪▪▪ ▪▪▪	▪▪▪▪▪
▪▪▪▪▪▪▪▪▪▪▪▪▪▪▪▪▪▪	▪▪▪▪▪▪▪▪▪▪▪▪▪▪	▪▪▪ ▪▪▪	▪▪▪▪▪
▪▪▪▪▪▪▪▪▪▪▪▪▪	▪▪▪▪▪▪▪▪▪▪▪▪▪▪▪▪▪▪▪ ▪▪▪ ▪▪▪	▪▪▪▪▪
▪▪▪▪▪▪▪▪▪▪▪▪▪▪▪▪▪▪▪	▪▪▪▪▪▪▪▪▪▪▪▪▪▪▪▪▪ ▪▪▪ ▪▪▪	▪▪▪▪▪
▪▪▪▪▪▪▪▪▪▪▪▪▪▪▪▪▪▪▪▪▪	▪▪▪▪▪▪▪▪▪▪▪▪▪▪▪▪▪▪ ▪▪▪ ▪▪▪	▪▪▪▪▪
▪▪▪▪▪▪▪▪▪▪▪▪▪▪▪▪▪▪▪▪▪▪▪▪▪	▪▪▪▪▪▪▪▪▪▪	▪▪▪ ▪▪▪	▪▪▪▪▪
▪▪▪▪▪▪▪▪▪▪▪▪▪▪▪▪▪▪▪▪	▪▪▪▪▪▪▪▪▪▪	▪▪▪ ▪▪▪	▪▪▪▪▪
▪▪▪▪▪▪▪▪▪▪▪▪▪▪▪▪▪▪▪▪▪▪▪▪▪▪	▪▪▪▪▪▪▪▪▪▪▪▪▪	▪▪▪ ▪▪▪	▪▪▪▪▪
▪▪▪▪▪▪▪▪▪▪▪▪▪▪▪▪▪▪▪▪▪▪▪▪▪	▪▪▪▪▪▪▪▪▪▪▪	▪▪▪ ▪▪▪	▪▪▪▪▪
▪▪▪▪▪▪▪▪▪▪▪▪▪▪▪▪▪▪▪▪▪	▪▪▪▪▪▪▪▪▪▪▪▪▪▪	▪▪▪ ▪▪▪	▪▪▪▪▪
▪▪▪▪▪▪▪▪▪▪▪▪▪▪▪▪▪▪▪▪▪	▪▪▪▪▪▪▪▪▪▪▪▪▪▪▪▪▪ ▪▪▪ ▪▪▪	▪▪▪▪▪
▪▪▪▪▪▪▪▪▪▪▪▪▪▪▪▪▪▪	▪▪▪▪▪▪▪▪▪▪▪▪▪▪	▪▪▪ ▪▪▪	▪▪▪▪▪
▪▪▪▪▪▪▪▪▪▪▪	▪▪▪▪▪▪▪▪	▪▪▪ ▪▪▪	▪▪▪▪▪
▪▪▪▪▪▪▪▪▪▪▪▪▪	▪▪▪▪▪▪▪▪	▪▪▪ ▪▪▪	▪▪▪▪▪
▪▪▪▪▪▪▪▪▪▪▪▪▪▪▪▪▪▪▪▪▪▪▪▪	▪▪▪▪▪▪▪▪▪	▪▪▪ ▪▪▪	▪▪▪▪▪
▪▪▪▪▪▪▪▪▪▪▪▪	▪▪▪▪▪▪▪▪▪▪	▪▪▪ ▪▪▪	▪▪▪▪▪
▪▪▪▪▪▪▪▪▪▪▪▪▪▪▪▪▪▪▪▪▪▪	▪▪▪▪▪▪▪▪▪▪▪▪▪▪▪▪	▪▪▪ ▪▪▪	▪▪▪▪▪
▪▪▪▪▪▪▪▪▪▪▪▪▪▪▪▪▪▪	▪▪▪▪▪▪▪▪▪▪▪▪▪▪	▪▪▪ ▪▪▪	▪▪▪▪▪
▪▪▪▪▪▪▪▪▪▪▪▪	▪▪▪▪▪▪▪▪▪	▪▪▪ ▪▪▪	▪▪▪▪▪
▪▪▪▪▪▪▪▪▪▪▪▪▪▪▪▪▪▪▪▪▪▪▪	▪▪▪▪▪▪▪▪▪▪▪▪▪▪▪▪▪▪▪ ▪▪▪ ▪▪▪	▪▪▪▪▪
▪▪▪▪▪▪▪▪▪▪▪▪▪▪▪▪▪▪▪▪▪	▪▪▪▪▪▪▪	▪▪▪ ▪▪▪	▪▪▪▪▪
▪▪▪▪▪▪▪▪▪▪▪▪▪▪▪▪▪▪	▪▪▪▪▪▪▪▪▪▪▪▪	▪▪▪ ▪▪▪	▪▪▪▪▪
▪▪▪▪▪▪▪▪▪▪▪▪▪▪▪▪▪▪▪	▪▪▪▪▪▪▪▪▪	▪▪▪ ▪▪▪	▪▪▪▪▪
▪▪▪▪▪▪▪▪▪▪▪▪▪▪▪▪▪▪▪▪▪	▪▪▪▪▪▪▪▪▪▪▪▪▪▪▪▪▪▪▪ ▪▪▪ ▪▪▪	▪▪▪▪▪
▪▪▪▪▪▪▪▪▪▪▪▪▪▪▪▪▪▪	▪▪▪▪▪▪▪▪	▪▪▪ ▪▪▪	▪▪▪▪▪
▪▪▪▪▪▪▪▪▪▪▪▪▪▪▪▪▪	▪▪▪▪▪▪▪▪▪▪▪▪▪▪▪▪▪ ▪▪▪ ▪▪▪	▪▪▪▪▪
▪▪▪▪▪▪▪▪▪▪▪▪▪▪▪▪▪▪▪▪▪▪▪▪▪	▪▪▪▪▪▪▪▪▪▪▪▪▪▪▪	▪▪▪ ▪▪▪	▪▪▪▪▪
▪▪▪▪▪▪▪▪▪▪▪▪▪▪▪▪▪▪	▪▪▪▪▪▪▪▪▪▪▪▪▪▪▪▪	▪▪▪ ▪▪▪	▪▪▪▪▪
▪▪▪▪▪▪▪▪▪▪▪▪▪▪▪▪▪▪▪▪▪▪▪	▪▪▪▪▪▪▪	▪▪▪ ▪▪▪	▪▪▪▪▪
▪▪▪▪▪▪▪▪▪▪▪▪▪▪▪▪▪▪▪▪▪▪	▪▪▪▪▪▪▪▪▪▪▪▪	▪▪▪ ▪▪▪	▪▪▪▪▪
▪▪▪▪▪▪▪▪▪▪▪▪▪▪▪▪▪▪▪▪▪▪▪	▪▪▪▪▪▪▪▪▪▪▪▪▪▪	▪▪▪ ▪▪▪	▪▪▪▪▪
▪▪▪▪▪▪▪▪▪▪▪▪▪▪▪▪▪▪▪▪▪▪▪▪	▪▪▪▪▪▪▪▪▪▪	▪▪▪ ▪▪▪	▪▪▪▪▪
▪▪▪▪▪▪▪▪▪▪▪▪▪▪▪▪▪	▪▪▪▪▪▪▪▪▪▪▪▪▪▪▪	▪▪▪ ▪▪▪	▪▪▪▪▪
▪▪▪▪▪▪▪▪▪▪▪▪▪▪▪▪▪▪▪▪▪▪	▪▪▪▪▪▪▪▪▪▪▪▪▪▪▪▪▪▪▪ ▪▪▪ ▪▪▪	▪▪▪▪▪
▪▪▪▪▪▪▪▪▪▪▪	▪▪▪▪▪▪▪▪▪▪▪▪▪▪▪▪▪ ▪▪▪ ▪▪▪	▪▪▪▪▪
▪▪▪▪▪▪▪▪▪▪▪▪▪▪▪▪	▪▪▪▪▪▪▪▪▪▪▪▪▪▪▪	▪▪▪ ▪▪▪	▪▪▪▪▪
▪▪▪▪▪▪▪▪▪▪▪▪▪▪▪▪▪▪▪▪▪▪	▪▪▪▪▪▪▪▪▪	▪▪▪ ▪▪▪	▪▪▪▪▪
▪▪▪▪▪▪▪▪▪▪▪▪▪▪▪▪▪▪▪▪▪	▪▪▪▪▪▪▪	▪▪▪ ▪▪▪	▪▪▪▪▪
▪▪▪▪▪▪▪▪▪▪▪▪▪▪▪▪▪▪▪▪▪▪▪	▪▪▪▪▪▪▪▪▪▪▪▪▪▪▪▪▪ ▪▪▪ ▪▪▪	▪▪▪▪▪
▪▪▪▪▪▪▪▪▪▪▪	▪▪▪▪▪▪▪▪▪▪▪▪▪▪▪	▪▪▪ ▪▪▪	▪▪▪▪▪
▪▪▪▪▪▪▪▪▪▪▪▪	▪▪▪▪▪▪▪▪▪▪	▪▪▪ ▪▪▪	▪▪▪▪▪
▪▪▪▪▪▪▪▪▪▪▪▪	▪▪▪▪▪▪▪▪▪▪▪	▪▪▪ ▪▪▪	▪▪▪▪▪
▪▪▪▪▪▪▪▪▪▪▪▪▪▪▪▪▪▪▪▪▪▪▪▪▪▪	▪▪▪▪▪▪▪▪▪▪▪▪▪▪▪	▪▪▪ ▪▪▪	▪▪▪▪▪
▪▪▪▪▪▪▪▪▪▪▪▪▪▪▪▪▪▪▪▪	▪▪▪▪▪▪▪▪▪▪▪▪▪▪▪▪▪ ▪▪▪ ▪▪▪	▪▪▪▪▪
▪▪▪▪▪▪▪▪▪▪▪▪▪▪▪▪▪▪▪▪	▪▪▪▪▪▪▪▪▪▪▪▪▪▪	▪▪▪ ▪▪▪	▪▪▪▪▪
▪▪▪▪▪▪▪▪▪▪▪▪▪▪▪▪▪▪▪▪▪▪▪▪▪	▪▪▪▪▪▪▪▪▪▪▪▪▪▪	▪▪▪ ▪▪▪	▪▪▪▪▪
▪▪▪▪▪▪▪▪▪▪▪▪▪▪▪▪▪▪▪	▪▪▪▪▪▪▪▪▪▪▪▪▪▪▪▪▪▪▪ ▪▪▪ ▪▪▪	▪▪▪▪▪
▪▪▪▪▪▪▪▪▪▪▪▪▪▪▪▪▪▪▪▪▪▪	▪▪▪▪▪▪▪▪▪▪▪▪▪▪▪▪▪▪▪▪ ▪▪▪ ▪▪▪	▪▪▪▪▪
▪▪▪▪▪▪▪▪▪▪▪▪▪	▪▪▪▪▪▪▪▪▪▪▪▪▪▪▪	▪▪▪ ▪▪▪	▪▪▪▪▪
▪▪▪▪▪▪▪▪▪▪▪▪▪▪	▪▪▪▪▪▪▪▪	▪▪▪ ▪▪▪	▪▪▪▪▪
▪▪▪▪▪▪▪▪▪▪▪▪▪▪▪▪▪▪▪▪▪	▪▪▪▪▪▪▪▪▪▪▪▪▪▪▪▪▪▪ ▪▪▪ ▪▪▪	▪▪▪▪▪
▪▪▪▪▪▪▪▪▪▪▪▪	▪▪▪▪▪▪▪▪▪▪▪	▪▪▪ ▪▪▪	▪▪▪▪▪
▪▪▪▪▪▪▪▪▪▪▪	▪▪▪▪▪▪▪▪▪▪▪▪▪▪▪	▪▪▪ ▪▪▪	▪▪▪▪▪
▪▪▪▪▪▪▪▪▪▪▪▪▪▪▪▪▪▪▪▪▪▪▪▪	▪▪▪▪▪▪▪▪▪▪▪▪▪	▪▪▪ ▪▪▪	▪▪▪▪▪
▪▪▪▪▪▪▪▪▪▪	▪▪▪▪▪▪▪▪▪▪▪▪▪▪▪▪▪▪ ▪▪▪ ▪▪▪	▪▪▪▪▪
▪▪▪▪▪▪▪▪▪▪▪▪▪▪▪	▪▪▪▪▪▪▪▪▪▪▪▪▪▪▪▪▪ ▪▪▪ ▪▪▪	▪▪▪▪▪
▪▪▪▪▪▪▪▪▪▪▪▪▪▪▪▪▪▪▪	▪▪▪▪▪▪▪▪▪	▪▪▪ ▪▪▪	▪▪▪▪▪
▪▪▪▪▪▪▪▪▪▪▪▪▪▪	▪▪▪▪▪▪▪▪▪▪▪▪▪▪	▪▪▪ ▪▪▪	▪▪▪▪▪
▪▪▪▪▪▪▪▪▪▪▪▪▪▪▪	▪▪▪▪▪▪▪▪▪▪▪▪▪▪▪▪▪▪▪ ▪▪▪ ▪▪▪	▪▪▪▪▪
▪▪▪▪▪▪▪▪▪▪▪▪▪	▪▪▪▪▪▪▪▪▪▪▪	▪▪▪ ▪▪▪	▪▪▪▪▪
▪▪▪▪▪▪▪▪▪▪▪▪▪	▪▪▪▪▪▪▪▪▪▪▪▪▪▪▪▪▪▪ ▪▪▪ ▪▪▪	▪▪▪▪▪
▪▪▪▪▪▪▪▪▪▪▪▪▪▪▪▪▪	▪▪▪▪▪▪▪▪▪▪▪▪	▪▪▪ ▪▪▪	▪▪▪▪▪
▪▪▪▪▪▪▪▪▪▪	▪▪▪▪▪▪▪▪▪▪	▪▪▪ ▪▪▪	▪▪▪▪▪
▪▪▪▪▪▪▪▪▪▪▪	▪▪▪▪▪▪▪	▪▪▪ ▪▪▪	▪▪▪▪▪
▪▪▪▪▪▪▪▪▪▪▪▪▪▪▪▪▪▪▪▪▪▪▪▪▪▪	▪▪▪▪▪▪▪▪▪▪▪▪▪▪	▪▪▪ ▪▪▪	▪▪▪▪▪
▪▪▪▪▪▪▪▪▪▪▪▪▪▪▪▪	▪▪▪▪▪▪▪▪▪▪	▪▪▪ ▪▪▪	▪▪▪▪▪
▪▪▪▪▪▪▪▪▪▪▪▪▪▪	▪▪▪▪▪▪▪▪▪▪▪▪	▪▪▪ ▪▪▪	▪▪▪▪▪
▪▪▪▪▪▪▪▪▪▪▪▪▪▪▪	▪▪▪▪▪▪▪▪▪▪▪▪▪▪▪	▪▪▪ ▪▪▪	▪▪▪▪▪
▪▪▪▪▪▪▪▪▪▪▪▪▪▪▪▪▪▪▪▪	▪▪▪▪▪▪▪▪▪▪▪▪▪▪▪▪	▪▪▪ ▪▪▪	▪▪▪▪▪
▪▪▪▪▪▪▪▪▪▪▪▪	▪▪▪▪▪▪▪▪▪▪▪▪	▪▪▪ ▪▪▪	▪▪▪▪▪
▪▪▪▪▪▪▪▪▪▪▪▪▪▪▪▪▪▪▪▪▪	▪▪▪▪▪▪▪▪	▪▪▪ ▪▪▪	▪▪▪▪▪
▪▪▪▪▪▪▪▪▪▪▪	▪▪▪▪▪▪▪▪▪▪▪▪▪▪▪▪▪▪ ▪▪▪ ▪▪▪	▪▪▪▪▪
▪▪▪▪▪▪▪▪▪▪▪▪▪▪▪▪▪▪▪▪▪▪▪▪▪	▪▪▪▪▪▪▪▪▪	▪▪▪ ▪▪▪	▪▪▪▪▪
▪▪▪▪▪▪▪▪▪▪▪▪▪▪▪▪▪▪▪	▪▪▪▪▪▪▪▪▪	▪▪▪ ▪▪▪	▪▪▪▪▪
▪▪▪▪▪▪▪▪▪▪▪	▪▪▪▪▪▪▪▪▪▪	▪▪▪ ▪▪▪	▪▪▪▪▪
▪▪▪▪▪▪▪▪▪▪▪▪	▪▪▪▪▪▪▪▪▪	▪▪▪ ▪▪▪	▪▪▪▪▪
▪▪▪▪▪▪▪▪▪▪▪▪▪	▪▪▪▪▪▪▪▪▪▪▪	▪▪▪ ▪▪▪	▪▪▪▪▪
▪▪▪▪▪▪▪▪▪▪▪▪▪▪▪▪▪▪▪▪▪▪▪▪▪	▪▪▪▪▪▪▪▪▪▪▪▪▪▪▪▪▪▪▪ ▪▪▪ ▪▪▪	▪▪▪▪▪
▪▪▪▪▪▪▪▪▪▪▪▪▪▪▪▪▪▪▪▪▪▪▪▪▪▪	▪▪▪▪▪▪▪▪▪▪▪▪▪▪▪▪▪ ▪▪▪ ▪▪▪	▪▪▪▪▪
▪▪▪▪▪▪▪▪▪▪▪▪▪▪▪▪▪▪▪▪▪▪▪▪▪	▪▪▪▪▪▪▪▪▪▪▪▪▪▪▪▪	▪▪▪ ▪▪▪	▪▪▪▪▪
▪▪▪▪▪▪▪▪▪▪▪	▪▪▪▪▪▪▪▪▪▪▪▪▪	▪▪▪ ▪▪▪	▪▪▪▪▪
▪▪▪▪▪▪▪▪▪▪▪▪▪▪▪▪▪▪▪▪▪▪▪	▪▪▪▪▪▪▪▪▪▪	▪▪▪ ▪▪▪	▪▪▪▪▪
▪▪▪▪▪▪▪▪▪▪▪	▪▪▪▪▪▪▪▪▪▪▪▪▪▪▪▪▪ ▪▪▪ ▪▪▪	▪▪▪▪▪
▪▪▪▪▪▪▪▪▪▪▪▪▪▪▪▪▪▪▪▪▪	▪▪▪▪▪▪▪▪	▪▪▪ ▪▪▪	▪▪▪▪▪
▪▪▪▪▪▪▪▪▪▪▪▪▪▪▪▪▪▪▪▪▪▪▪▪▪	▪▪▪▪▪▪▪▪▪▪▪▪▪▪▪▪▪▪ ▪▪▪ ▪▪▪	▪▪▪▪▪
▪▪▪▪▪▪▪▪▪▪	▪▪▪▪▪▪▪▪▪▪▪▪▪▪▪▪▪▪ ▪▪▪ ▪▪▪	▪▪▪▪▪
▪▪▪▪▪▪▪▪▪▪▪▪▪	▪▪▪▪▪▪▪▪▪	▪▪▪ ▪▪▪	▪▪▪▪▪
▪▪▪▪▪▪▪▪▪▪▪▪▪▪▪▪▪▪▪▪▪▪	▪▪▪▪▪▪▪▪	▪▪▪ ▪▪▪	▪▪▪▪▪
▪▪▪▪▪▪▪▪▪▪▪	▪▪▪▪▪▪▪▪▪▪	▪▪▪ ▪▪▪	▪▪▪▪▪
▪▪▪▪▪▪▪▪▪▪▪▪▪▪▪▪▪▪▪▪▪▪▪▪	▪▪▪▪▪▪▪	▪▪▪ ▪▪▪	▪▪▪▪▪
▪▪▪▪▪▪▪▪▪▪▪▪▪▪▪▪▪▪▪	▪▪▪▪▪▪▪▪▪	▪▪▪ ▪▪▪	▪▪▪▪▪
▪▪▪▪▪▪▪▪▪▪▪▪▪▪▪▪▪▪	▪▪▪▪▪▪▪▪▪▪▪	▪▪▪ ▪▪▪	▪▪▪▪▪
▪▪▪▪▪▪▪▪▪▪▪▪▪	▪▪▪▪▪▪▪▪▪▪▪▪▪▪▪▪▪▪▪ ▪▪▪ ▪▪▪	▪▪▪▪▪
▪▪▪▪▪▪▪▪▪▪▪▪▪▪▪▪▪▪▪▪▪	▪▪▪▪▪▪▪▪▪▪▪▪▪	▪▪▪ ▪▪▪	▪▪▪▪▪
▪▪▪▪▪▪▪▪▪▪▪▪▪▪▪▪▪▪▪▪▪▪	▪▪▪▪▪▪▪▪▪▪▪	▪▪▪ ▪▪▪	▪▪▪▪▪
▪▪▪▪▪▪▪▪▪▪▪▪▪▪▪▪	▪▪▪▪▪▪▪▪▪▪▪	▪▪▪ ▪▪▪	▪▪▪▪▪
▪▪▪▪▪▪▪▪▪▪▪▪▪▪▪▪▪▪	▪▪▪▪▪▪▪▪▪▪▪	▪▪▪ ▪▪▪	▪▪▪▪▪
▪▪▪▪▪▪▪▪▪▪▪	▪▪▪▪▪▪▪▪▪▪▪▪▪▪▪▪	▪▪▪ ▪▪▪	▪▪▪▪▪
▪▪▪▪▪▪▪▪▪▪▪▪▪▪▪▪▪▪▪▪▪	▪▪▪▪▪▪▪▪▪▪▪▪▪	▪▪▪ ▪▪▪	▪▪▪▪▪
▪▪▪▪▪▪▪▪▪▪▪▪▪▪	▪▪▪▪▪▪▪	▪▪▪ ▪▪▪	▪▪▪▪▪
▪▪▪▪▪▪▪▪▪▪▪▪▪▪▪▪▪▪▪▪▪▪▪	▪▪▪▪▪▪▪▪▪▪▪▪▪▪▪▪	▪▪▪ ▪▪▪	▪▪▪▪▪
▪▪▪▪▪▪▪▪▪▪▪▪▪▪▪▪▪▪▪▪	▪▪▪▪▪▪▪▪▪▪▪▪▪▪▪▪	▪▪▪ ▪▪▪	▪▪▪▪▪
▪▪▪▪▪▪▪▪▪▪▪▪▪▪▪▪	▪▪▪▪▪▪▪▪▪▪▪▪▪▪▪▪▪▪▪ ▪▪▪ ▪▪▪	▪▪▪▪▪
▪▪▪▪▪▪▪▪▪▪▪▪▪▪▪▪	▪▪▪▪▪▪▪▪▪▪▪▪▪▪▪▪	▪▪▪ ▪▪▪	▪▪▪▪▪
▪▪▪▪▪▪▪▪▪▪▪▪▪▪▪▪▪	▪▪▪▪▪▪▪▪▪▪▪▪	▪▪▪ ▪▪▪	▪▪▪▪▪
▪▪▪▪▪▪▪▪▪▪▪▪	▪▪▪▪▪▪▪▪▪▪▪▪▪	▪▪▪ ▪▪▪	▪▪▪▪▪
▪▪▪▪▪▪▪▪▪▪	▪▪▪▪▪▪▪	▪▪▪ ▪▪▪	▪▪▪▪▪
▪▪▪▪▪▪▪▪▪▪▪▪▪▪▪▪▪	▪▪▪▪▪▪▪▪▪▪▪▪▪▪▪▪▪ ▪▪▪ ▪▪▪	▪▪▪▪▪
▪▪▪▪▪▪▪▪▪▪▪▪▪▪▪▪▪▪▪▪▪▪▪▪	▪▪▪▪▪▪▪▪▪▪▪▪▪▪▪▪▪ ▪▪▪ ▪▪▪	▪▪▪▪▪
▪▪▪▪▪▪▪▪▪▪▪▪	▪▪▪▪▪▪▪	▪▪▪ ▪▪▪	▪▪▪▪▪
▪▪▪▪▪▪▪▪▪▪▪▪▪▪▪▪▪▪▪▪▪▪▪▪▪▪	▪▪▪▪▪▪▪▪▪▪▪	▪▪▪ ▪▪▪	▪▪▪▪▪
▪▪▪▪▪▪▪▪▪▪▪▪▪▪▪▪▪▪▪▪▪▪▪▪▪	▪▪▪▪▪▪▪▪▪▪▪▪	▪▪▪ ▪▪▪	▪▪▪▪▪
▪▪▪▪▪▪▪▪▪▪▪▪▪▪▪▪▪▪▪▪▪▪▪▪▪	▪▪▪▪▪▪▪	▪▪▪ ▪▪▪	▪▪▪▪▪
▪▪▪▪▪▪▪▪▪▪▪▪▪▪▪▪▪	▪▪▪▪▪▪▪▪▪▪▪	▪▪▪ ▪▪▪	▪▪▪▪▪
▪▪▪▪▪▪▪▪▪▪▪▪▪▪▪▪▪▪▪▪	▪▪▪▪▪▪▪▪▪▪▪▪▪▪	▪▪▪ ▪▪▪	▪▪▪▪▪
▪▪▪▪▪▪▪▪▪▪▪▪▪▪▪▪▪▪▪▪▪▪▪▪	▪▪▪▪▪▪▪▪▪▪▪	▪▪▪ ▪▪▪	▪▪▪▪▪
▪▪▪▪▪▪▪▪▪▪▪	▪▪▪▪▪▪▪▪	▪▪▪ ▪▪▪	▪▪▪▪▪
▪▪▪▪▪▪▪▪▪▪▪▪▪▪▪▪	▪▪▪▪▪▪▪▪▪▪▪▪▪▪	▪▪▪ ▪▪▪	▪▪▪▪▪
▪▪▪▪▪▪▪▪▪▪▪▪▪▪	▪▪▪▪▪▪▪▪▪▪▪	▪▪▪ ▪▪▪	▪▪▪▪▪
▪▪▪▪▪▪▪▪▪▪▪▪▪▪	▪▪▪▪▪▪▪▪▪▪▪▪▪▪▪▪▪▪▪ ▪▪▪ ▪▪▪	▪▪▪▪▪
▪▪▪▪▪▪▪▪▪▪▪▪▪▪▪▪▪	▪▪▪▪▪▪▪▪▪▪▪▪▪▪▪▪	▪▪▪ ▪▪▪	▪▪▪▪▪
▪▪▪▪▪▪▪▪▪▪▪▪▪▪▪▪▪	▪▪▪▪▪▪▪▪▪▪	▪▪▪ ▪▪▪	▪▪▪▪▪
▪▪▪▪▪▪▪▪▪▪▪▪▪▪▪	▪▪▪▪▪▪▪▪▪	▪▪▪ ▪▪▪	▪▪▪▪▪
▪▪▪▪▪▪▪▪▪▪▪▪	▪▪▪▪▪▪▪▪▪▪▪▪▪	▪▪▪ ▪▪▪	▪▪▪▪▪
▪▪▪▪▪▪▪▪▪▪▪▪▪▪▪▪▪▪▪▪▪	▪▪▪▪▪▪▪▪▪▪▪▪▪▪	▪▪▪ ▪▪▪	▪▪▪▪▪
▪▪▪▪▪▪▪▪▪▪▪▪▪▪▪▪▪▪▪▪	▪▪▪▪▪▪▪▪▪▪	▪▪▪ ▪▪▪	▪▪▪▪▪
▪▪▪▪▪▪▪▪▪▪▪▪▪▪▪▪▪▪▪▪▪▪▪	▪▪▪▪▪▪▪▪▪	▪▪▪ ▪▪▪	▪▪▪▪▪
▪▪▪▪▪▪▪▪▪▪▪▪▪▪▪▪	▪▪▪▪▪▪▪▪▪▪▪▪▪	▪▪▪ ▪▪▪	▪▪▪▪▪
▪▪▪▪▪▪▪▪▪▪▪▪▪▪▪▪▪	▪▪▪▪▪▪▪▪▪▪▪▪	▪▪▪ ▪▪▪	▪▪▪▪▪
▪▪▪▪▪▪▪▪▪▪▪▪▪▪▪▪▪▪▪▪▪▪▪	▪▪▪▪▪▪▪▪▪▪▪▪▪▪▪▪▪▪▪▪ ▪▪▪ ▪▪▪	▪▪▪▪▪
▪▪▪▪▪▪▪▪▪▪▪▪▪▪▪▪▪▪▪▪▪▪▪	▪▪▪▪▪▪▪▪▪▪▪▪	▪▪▪ ▪▪▪	▪▪▪▪▪
▪▪▪▪▪▪▪▪▪▪▪▪▪	▪▪▪▪▪▪▪▪▪▪▪▪▪▪▪▪▪▪▪▪ ▪▪▪ ▪▪▪	▪▪▪▪▪
▪▪▪▪▪▪▪▪▪▪▪▪▪▪▪▪▪▪	▪▪▪▪▪▪▪▪▪▪▪▪	▪▪▪ ▪▪▪	▪▪▪▪▪
▪▪▪▪▪▪▪▪▪▪▪▪▪▪▪▪	▪▪▪▪▪▪▪▪▪▪▪▪▪▪▪	▪▪▪ ▪▪▪	▪▪▪▪▪
▪▪▪▪▪▪▪▪▪▪▪	▪▪▪▪▪▪▪▪▪▪▪▪	▪▪▪ ▪▪▪	▪▪▪▪▪
▪▪▪▪▪▪▪▪▪▪▪▪▪	▪▪▪▪▪▪▪▪▪▪▪▪▪▪▪▪	▪▪▪ ▪▪▪	▪▪▪▪▪
▪▪▪▪▪▪▪▪▪▪▪▪▪▪▪▪	▪▪▪▪▪▪▪▪▪▪▪▪▪▪	▪▪▪ ▪▪▪	▪▪▪▪▪
▪▪▪▪▪▪▪▪▪▪▪▪▪▪▪▪▪▪▪	▪▪▪▪▪▪▪▪▪▪▪▪▪▪▪▪▪ ▪▪▪ ▪▪▪	▪▪▪▪▪
▪▪▪▪▪▪▪▪▪▪▪▪	▪▪▪▪▪▪▪▪▪	▪▪▪ ▪▪▪	▪▪▪▪▪
▪▪▪▪▪▪▪▪▪▪▪▪	▪▪▪▪▪▪▪▪▪▪▪▪	▪▪▪ ▪▪▪	▪▪▪▪▪
▪▪▪▪▪▪▪▪▪▪▪▪▪▪▪▪▪▪▪▪▪▪▪▪	▪▪▪▪▪▪▪▪▪▪▪▪▪▪▪▪	▪▪▪ ▪▪▪	▪▪▪▪▪
▪▪▪▪▪▪▪▪▪▪▪▪▪▪▪▪▪▪▪▪▪▪	▪▪▪▪▪▪▪▪▪▪	▪▪▪ ▪▪▪	▪▪▪▪▪
▪▪▪▪▪▪▪▪▪▪▪▪▪▪▪▪▪▪▪▪▪▪▪▪▪▪	▪▪▪▪▪▪▪▪▪▪▪▪▪▪▪	▪▪▪ ▪▪▪	▪▪▪▪▪
▪▪▪▪▪▪▪▪▪▪▪▪▪▪▪▪▪▪	▪▪▪▪▪▪▪▪▪▪▪▪	▪▪▪ ▪▪▪	▪▪▪▪▪
▪▪▪▪▪▪▪▪▪▪▪▪▪▪▪▪▪	▪▪▪▪▪▪▪▪▪	▪▪▪ ▪▪▪	▪▪▪▪▪
▪▪▪▪▪▪▪▪▪▪▪▪▪▪	▪▪▪▪▪▪▪▪▪▪▪▪▪▪	▪▪▪ ▪▪▪	▪▪▪▪▪
▪▪▪▪▪▪▪▪▪▪▪▪▪▪▪▪▪▪▪	▪▪▪▪▪▪▪▪▪	▪▪▪ ▪▪▪	▪▪▪▪▪
▪▪▪▪▪▪▪▪▪▪▪▪▪▪▪▪	▪▪▪▪▪▪▪▪▪▪	▪▪▪ ▪▪▪	▪▪▪▪▪
▪▪▪▪▪▪▪▪▪▪▪▪▪▪▪▪	▪▪▪▪▪▪▪▪▪▪▪▪	▪▪▪ ▪▪▪	▪▪▪▪▪
▪▪▪▪▪▪▪▪▪▪▪▪▪▪▪▪▪▪▪	▪▪▪▪▪▪▪▪▪▪▪	▪▪▪ ▪▪▪	▪▪▪▪▪
▪▪▪▪▪▪▪▪▪▪▪▪▪▪▪▪▪▪▪▪▪▪▪▪▪▪	▪▪▪▪▪▪▪▪▪▪▪▪▪▪▪▪▪▪▪ ▪▪▪ ▪▪▪	▪▪▪▪▪
▪▪▪▪▪▪▪▪▪▪▪▪▪▪▪▪▪▪	▪▪▪▪▪▪▪▪▪▪▪▪▪▪▪	▪▪▪ ▪▪▪	▪▪▪▪▪
▪▪▪▪▪▪▪▪▪▪▪▪▪▪▪▪▪▪▪▪▪▪	▪▪▪▪▪▪▪▪▪▪▪	▪▪▪ ▪▪▪	▪▪▪▪▪
▪▪▪▪▪▪▪▪▪▪▪▪▪▪▪▪▪▪▪▪	▪▪▪▪▪▪▪▪▪▪▪▪▪	▪▪▪ ▪▪▪	▪▪▪▪▪
▪▪▪▪▪▪▪▪▪▪▪▪	▪▪▪▪▪▪▪▪▪▪▪▪▪	▪▪▪ ▪▪▪	▪▪▪▪▪
▪▪▪▪▪▪▪▪▪▪▪▪▪▪▪▪▪▪	▪▪▪▪▪▪▪▪▪▪▪▪	▪▪▪ ▪▪▪	▪▪▪▪▪
▪▪▪▪▪▪▪▪▪▪▪▪▪▪▪▪▪▪	▪▪▪▪▪▪▪▪▪▪	▪▪▪ ▪▪▪	▪▪▪▪▪
▪▪▪▪▪▪▪▪▪▪▪▪▪▪▪▪▪▪	▪▪▪▪▪▪▪▪▪▪▪	▪▪▪ ▪▪▪	▪▪▪▪▪
▪▪▪▪▪▪▪▪▪▪▪▪	▪▪▪▪▪▪▪▪▪▪▪▪▪▪▪▪▪▪ ▪▪▪ ▪▪▪	▪▪▪▪▪
▪▪▪▪▪▪▪▪▪▪▪▪	▪▪▪▪▪▪▪▪▪▪▪▪▪▪▪	▪▪▪ ▪▪▪	▪▪▪▪▪
▪▪▪▪▪▪▪▪▪▪▪▪▪▪▪▪▪▪▪▪▪▪▪▪▪	▪▪▪▪▪▪▪▪▪▪▪▪▪	▪▪▪ ▪▪▪	▪▪▪▪▪
▪▪▪▪▪▪▪▪▪▪▪▪▪▪▪▪▪▪▪▪▪▪▪▪▪▪	▪▪▪▪▪▪▪▪▪	▪▪▪ ▪▪▪	▪▪▪▪▪
▪▪▪▪▪▪▪▪▪▪▪▪▪▪▪▪▪▪▪▪▪	▪▪▪▪▪▪▪▪▪▪▪▪▪▪▪▪▪ ▪▪▪ ▪▪▪	▪▪▪▪▪
▪▪▪▪▪▪▪▪▪▪▪▪▪▪▪▪▪▪▪▪▪▪▪▪	▪▪▪▪▪▪▪▪▪▪▪	▪▪▪ ▪▪▪	▪▪▪▪▪
▪▪▪▪▪▪▪▪▪▪▪▪▪▪▪▪	▪▪▪▪▪▪▪▪▪▪▪▪▪▪	▪▪▪ ▪▪▪	▪▪▪▪▪
▪▪▪▪▪▪▪▪▪▪▪▪▪▪▪▪▪▪▪▪	▪▪▪▪▪▪▪▪▪▪	▪▪▪ ▪▪▪	▪▪▪▪▪
▪▪▪▪▪▪▪▪▪▪▪▪▪▪▪▪▪▪▪	▪▪▪▪▪▪▪▪	▪▪▪ ▪▪▪	▪▪▪▪▪
▪▪▪▪▪▪▪▪▪▪▪▪▪▪▪▪▪▪▪▪	▪▪▪▪▪▪▪▪▪▪▪	▪▪▪ ▪▪▪	▪▪▪▪▪
▪▪▪▪▪▪▪▪▪▪▪▪▪	▪▪▪▪▪▪▪▪▪	▪▪▪ ▪▪▪	▪▪▪▪▪
▪▪▪▪▪▪▪▪▪▪▪▪▪▪▪	▪▪▪▪▪▪▪▪▪▪	▪▪▪ ▪▪▪	▪▪▪▪▪
▪▪▪▪▪▪▪▪▪▪▪▪	▪▪▪▪▪▪▪▪▪▪▪▪▪▪▪▪▪▪▪ ▪▪▪ ▪▪▪	▪▪▪▪▪
▪▪▪▪▪▪▪▪▪▪▪▪▪▪▪▪▪▪▪▪▪	▪▪▪▪▪▪▪▪▪▪▪▪▪▪▪▪▪▪▪▪ ▪▪▪ ▪▪▪	▪▪▪▪▪
▪▪▪▪▪▪▪▪▪▪▪▪▪▪▪▪▪▪▪	▪▪▪▪▪▪▪	▪▪▪ ▪▪▪	▪▪▪▪▪
▪▪▪▪▪▪▪▪▪▪▪▪▪	▪▪▪▪▪▪▪▪▪▪▪▪▪▪▪	▪▪▪ ▪▪▪	▪▪▪▪▪
▪▪▪▪▪▪▪▪▪▪▪▪▪▪▪▪▪▪▪	▪▪▪▪▪▪▪	▪▪▪ ▪▪▪	▪▪▪▪▪
▪▪▪▪▪▪▪▪▪▪▪▪▪▪▪▪▪▪	▪▪▪▪▪▪▪▪▪▪▪▪▪▪▪▪▪▪ ▪▪▪ ▪▪▪	▪▪▪▪▪
▪▪▪▪▪▪▪▪▪▪▪	▪▪▪▪▪▪▪▪▪▪▪▪▪▪▪▪	▪▪▪ ▪▪▪	▪▪▪▪▪
▪▪▪▪▪▪▪▪▪▪▪▪	▪▪▪▪▪▪▪▪▪▪▪▪▪▪▪	▪▪▪ ▪▪▪	▪▪▪▪▪
▪▪▪▪▪▪▪▪▪▪▪▪▪▪▪▪▪▪▪▪	▪▪▪▪▪▪▪▪▪▪▪▪▪▪▪▪▪▪▪ ▪▪▪ ▪▪▪	▪▪▪▪▪
▪▪▪▪▪▪▪▪▪▪▪▪▪	▪▪▪▪▪▪▪▪▪▪▪▪▪▪▪	▪▪▪ ▪▪▪	▪▪▪▪▪
